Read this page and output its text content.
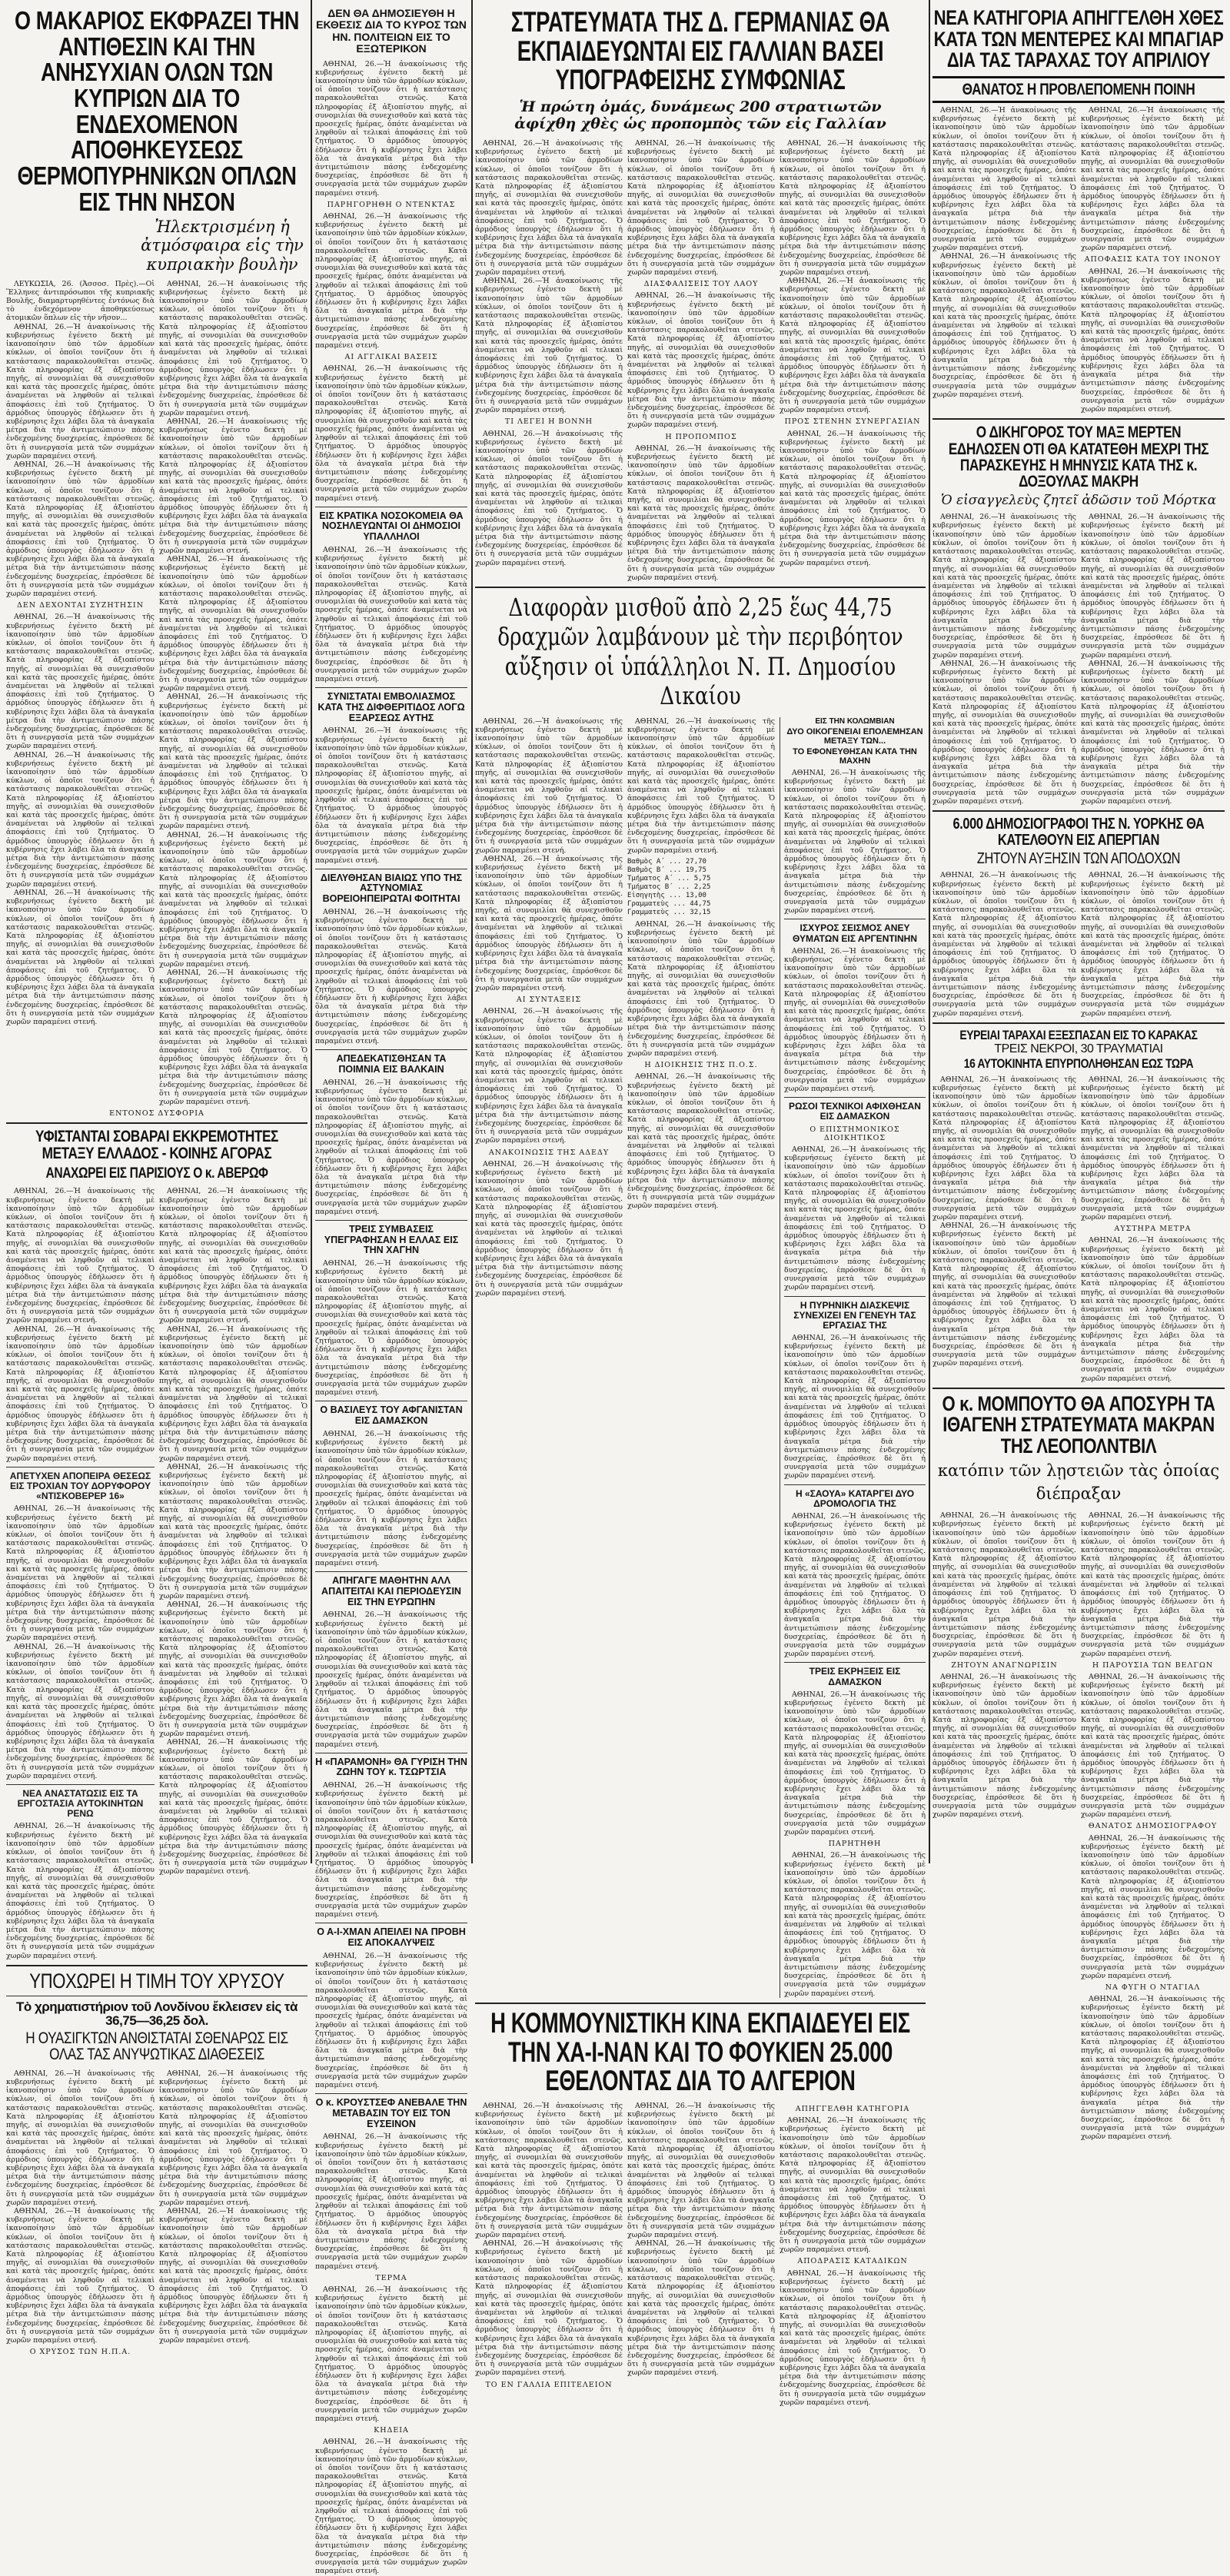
Ο ΜΑΚΑΡΙΟΣ ΕΚΦΡΑΖΕΙ ΤΗΝ ΑΝΤΙΘΕΣΙΝ ΚΑΙ ΤΗΝ ΑΝΗΣΥΧΙΑΝ ΟΛΩΝ ΤΩΝ ΚΥΠΡΙΩΝ ΔΙΑ ΤΟ ΕΝΔΕΧΟΜΕΝΟΝ ΑΠΟΘΗΚΕΥΣΕΩΣ ΘΕΡΜΟΠΥΡΗΝΙΚΩΝ ΟΠΛΩΝ ΕΙΣ ΤΗΝ ΝΗΣΟΝ
Ἠλεκτρισμένη ἡ ἀτμόσφαιρα εἰς τὴν κυπριακὴν βουλὴν

ΛΕΥΚΩΣΙΑ, 26. (Ἀσσοσ. Πρὲς).—Οἱ Ἕλληνες ἀντιπρόσωποι τῆς κυπριακῆς Βουλῆς, διαμαρτυρηθέντες ἐντόνως διὰ τὸ ἐνδεχόμενον ἀποθηκεύσεως ἀτομικῶν ὅπλων εἰς τὴν νῆσον...

ΑΘΗΝΑΙ, 26.—Ἡ ἀνακοίνωσις τῆς κυβερνήσεως ἐγένετο δεκτὴ μὲ ἱκανοποίησιν ὑπὸ τῶν ἁρμοδίων κύκλων, οἱ ὁποῖοι τονίζουν ὅτι ἡ κατάστασις παρακολουθεῖται στενῶς. Κατὰ πληροφορίας ἐξ ἀξιοπίστου πηγῆς, αἱ συνομιλίαι θὰ συνεχισθοῦν καὶ κατὰ τὰς προσεχεῖς ἡμέρας, ὁπότε ἀναμένεται νὰ ληφθοῦν αἱ τελικαὶ ἀποφάσεις ἐπὶ τοῦ ζητήματος. Ὁ ἁρμόδιος ὑπουργὸς ἐδήλωσεν ὅτι ἡ κυβέρνησις ἔχει λάβει ὅλα τὰ ἀναγκαῖα μέτρα διὰ τὴν ἀντιμετώπισιν πάσης ἐνδεχομένης δυσχερείας, ἐπρόσθεσε δὲ ὅτι ἡ συνεργασία μετὰ τῶν συμμάχων χωρῶν παραμένει στενή.

ΑΘΗΝΑΙ, 26.—Ἡ ἀνακοίνωσις τῆς κυβερνήσεως ἐγένετο δεκτὴ μὲ ἱκανοποίησιν ὑπὸ τῶν ἁρμοδίων κύκλων, οἱ ὁποῖοι τονίζουν ὅτι ἡ κατάστασις παρακολουθεῖται στενῶς. Κατὰ πληροφορίας ἐξ ἀξιοπίστου πηγῆς, αἱ συνομιλίαι θὰ συνεχισθοῦν καὶ κατὰ τὰς προσεχεῖς ἡμέρας, ὁπότε ἀναμένεται νὰ ληφθοῦν αἱ τελικαὶ ἀποφάσεις ἐπὶ τοῦ ζητήματος. Ὁ ἁρμόδιος ὑπουργὸς ἐδήλωσεν ὅτι ἡ κυβέρνησις ἔχει λάβει ὅλα τὰ ἀναγκαῖα μέτρα διὰ τὴν ἀντιμετώπισιν πάσης ἐνδεχομένης δυσχερείας, ἐπρόσθεσε δὲ ὅτι ἡ συνεργασία μετὰ τῶν συμμάχων χωρῶν παραμένει στενή.

ΔΕΝ ΔΕΧΟΝΤΑΙ ΣΥΖΗΤΗΣΙΝ

ΑΘΗΝΑΙ, 26.—Ἡ ἀνακοίνωσις τῆς κυβερνήσεως ἐγένετο δεκτὴ μὲ ἱκανοποίησιν ὑπὸ τῶν ἁρμοδίων κύκλων, οἱ ὁποῖοι τονίζουν ὅτι ἡ κατάστασις παρακολουθεῖται στενῶς. Κατὰ πληροφορίας ἐξ ἀξιοπίστου πηγῆς, αἱ συνομιλίαι θὰ συνεχισθοῦν καὶ κατὰ τὰς προσεχεῖς ἡμέρας, ὁπότε ἀναμένεται νὰ ληφθοῦν αἱ τελικαὶ ἀποφάσεις ἐπὶ τοῦ ζητήματος. Ὁ ἁρμόδιος ὑπουργὸς ἐδήλωσεν ὅτι ἡ κυβέρνησις ἔχει λάβει ὅλα τὰ ἀναγκαῖα μέτρα διὰ τὴν ἀντιμετώπισιν πάσης ἐνδεχομένης δυσχερείας, ἐπρόσθεσε δὲ ὅτι ἡ συνεργασία μετὰ τῶν συμμάχων χωρῶν παραμένει στενή.

ΑΘΗΝΑΙ, 26.—Ἡ ἀνακοίνωσις τῆς κυβερνήσεως ἐγένετο δεκτὴ μὲ ἱκανοποίησιν ὑπὸ τῶν ἁρμοδίων κύκλων, οἱ ὁποῖοι τονίζουν ὅτι ἡ κατάστασις παρακολουθεῖται στενῶς. Κατὰ πληροφορίας ἐξ ἀξιοπίστου πηγῆς, αἱ συνομιλίαι θὰ συνεχισθοῦν καὶ κατὰ τὰς προσεχεῖς ἡμέρας, ὁπότε ἀναμένεται νὰ ληφθοῦν αἱ τελικαὶ ἀποφάσεις ἐπὶ τοῦ ζητήματος. Ὁ ἁρμόδιος ὑπουργὸς ἐδήλωσεν ὅτι ἡ κυβέρνησις ἔχει λάβει ὅλα τὰ ἀναγκαῖα μέτρα διὰ τὴν ἀντιμετώπισιν πάσης ἐνδεχομένης δυσχερείας, ἐπρόσθεσε δὲ ὅτι ἡ συνεργασία μετὰ τῶν συμμάχων χωρῶν παραμένει στενή.

ΑΘΗΝΑΙ, 26.—Ἡ ἀνακοίνωσις τῆς κυβερνήσεως ἐγένετο δεκτὴ μὲ ἱκανοποίησιν ὑπὸ τῶν ἁρμοδίων κύκλων, οἱ ὁποῖοι τονίζουν ὅτι ἡ κατάστασις παρακολουθεῖται στενῶς. Κατὰ πληροφορίας ἐξ ἀξιοπίστου πηγῆς, αἱ συνομιλίαι θὰ συνεχισθοῦν καὶ κατὰ τὰς προσεχεῖς ἡμέρας, ὁπότε ἀναμένεται νὰ ληφθοῦν αἱ τελικαὶ ἀποφάσεις ἐπὶ τοῦ ζητήματος. Ὁ ἁρμόδιος ὑπουργὸς ἐδήλωσεν ὅτι ἡ κυβέρνησις ἔχει λάβει ὅλα τὰ ἀναγκαῖα μέτρα διὰ τὴν ἀντιμετώπισιν πάσης ἐνδεχομένης δυσχερείας, ἐπρόσθεσε δὲ ὅτι ἡ συνεργασία μετὰ τῶν συμμάχων χωρῶν παραμένει στενή.

ΑΘΗΝΑΙ, 26.—Ἡ ἀνακοίνωσις τῆς κυβερνήσεως ἐγένετο δεκτὴ μὲ ἱκανοποίησιν ὑπὸ τῶν ἁρμοδίων κύκλων, οἱ ὁποῖοι τονίζουν ὅτι ἡ κατάστασις παρακολουθεῖται στενῶς. Κατὰ πληροφορίας ἐξ ἀξιοπίστου πηγῆς, αἱ συνομιλίαι θὰ συνεχισθοῦν καὶ κατὰ τὰς προσεχεῖς ἡμέρας, ὁπότε ἀναμένεται νὰ ληφθοῦν αἱ τελικαὶ ἀποφάσεις ἐπὶ τοῦ ζητήματος. Ὁ ἁρμόδιος ὑπουργὸς ἐδήλωσεν ὅτι ἡ κυβέρνησις ἔχει λάβει ὅλα τὰ ἀναγκαῖα μέτρα διὰ τὴν ἀντιμετώπισιν πάσης ἐνδεχομένης δυσχερείας, ἐπρόσθεσε δὲ ὅτι ἡ συνεργασία μετὰ τῶν συμμάχων χωρῶν παραμένει στενή.

ΑΘΗΝΑΙ, 26.—Ἡ ἀνακοίνωσις τῆς κυβερνήσεως ἐγένετο δεκτὴ μὲ ἱκανοποίησιν ὑπὸ τῶν ἁρμοδίων κύκλων, οἱ ὁποῖοι τονίζουν ὅτι ἡ κατάστασις παρακολουθεῖται στενῶς. Κατὰ πληροφορίας ἐξ ἀξιοπίστου πηγῆς, αἱ συνομιλίαι θὰ συνεχισθοῦν καὶ κατὰ τὰς προσεχεῖς ἡμέρας, ὁπότε ἀναμένεται νὰ ληφθοῦν αἱ τελικαὶ ἀποφάσεις ἐπὶ τοῦ ζητήματος. Ὁ ἁρμόδιος ὑπουργὸς ἐδήλωσεν ὅτι ἡ κυβέρνησις ἔχει λάβει ὅλα τὰ ἀναγκαῖα μέτρα διὰ τὴν ἀντιμετώπισιν πάσης ἐνδεχομένης δυσχερείας, ἐπρόσθεσε δὲ ὅτι ἡ συνεργασία μετὰ τῶν συμμάχων χωρῶν παραμένει στενή.

ΑΘΗΝΑΙ, 26.—Ἡ ἀνακοίνωσις τῆς κυβερνήσεως ἐγένετο δεκτὴ μὲ ἱκανοποίησιν ὑπὸ τῶν ἁρμοδίων κύκλων, οἱ ὁποῖοι τονίζουν ὅτι ἡ κατάστασις παρακολουθεῖται στενῶς. Κατὰ πληροφορίας ἐξ ἀξιοπίστου πηγῆς, αἱ συνομιλίαι θὰ συνεχισθοῦν καὶ κατὰ τὰς προσεχεῖς ἡμέρας, ὁπότε ἀναμένεται νὰ ληφθοῦν αἱ τελικαὶ ἀποφάσεις ἐπὶ τοῦ ζητήματος. Ὁ ἁρμόδιος ὑπουργὸς ἐδήλωσεν ὅτι ἡ κυβέρνησις ἔχει λάβει ὅλα τὰ ἀναγκαῖα μέτρα διὰ τὴν ἀντιμετώπισιν πάσης ἐνδεχομένης δυσχερείας, ἐπρόσθεσε δὲ ὅτι ἡ συνεργασία μετὰ τῶν συμμάχων χωρῶν παραμένει στενή.

ΑΘΗΝΑΙ, 26.—Ἡ ἀνακοίνωσις τῆς κυβερνήσεως ἐγένετο δεκτὴ μὲ ἱκανοποίησιν ὑπὸ τῶν ἁρμοδίων κύκλων, οἱ ὁποῖοι τονίζουν ὅτι ἡ κατάστασις παρακολουθεῖται στενῶς. Κατὰ πληροφορίας ἐξ ἀξιοπίστου πηγῆς, αἱ συνομιλίαι θὰ συνεχισθοῦν καὶ κατὰ τὰς προσεχεῖς ἡμέρας, ὁπότε ἀναμένεται νὰ ληφθοῦν αἱ τελικαὶ ἀποφάσεις ἐπὶ τοῦ ζητήματος. Ὁ ἁρμόδιος ὑπουργὸς ἐδήλωσεν ὅτι ἡ κυβέρνησις ἔχει λάβει ὅλα τὰ ἀναγκαῖα μέτρα διὰ τὴν ἀντιμετώπισιν πάσης ἐνδεχομένης δυσχερείας, ἐπρόσθεσε δὲ ὅτι ἡ συνεργασία μετὰ τῶν συμμάχων χωρῶν παραμένει στενή.

ΑΘΗΝΑΙ, 26.—Ἡ ἀνακοίνωσις τῆς κυβερνήσεως ἐγένετο δεκτὴ μὲ ἱκανοποίησιν ὑπὸ τῶν ἁρμοδίων κύκλων, οἱ ὁποῖοι τονίζουν ὅτι ἡ κατάστασις παρακολουθεῖται στενῶς. Κατὰ πληροφορίας ἐξ ἀξιοπίστου πηγῆς, αἱ συνομιλίαι θὰ συνεχισθοῦν καὶ κατὰ τὰς προσεχεῖς ἡμέρας, ὁπότε ἀναμένεται νὰ ληφθοῦν αἱ τελικαὶ ἀποφάσεις ἐπὶ τοῦ ζητήματος. Ὁ ἁρμόδιος ὑπουργὸς ἐδήλωσεν ὅτι ἡ κυβέρνησις ἔχει λάβει ὅλα τὰ ἀναγκαῖα μέτρα διὰ τὴν ἀντιμετώπισιν πάσης ἐνδεχομένης δυσχερείας, ἐπρόσθεσε δὲ ὅτι ἡ συνεργασία μετὰ τῶν συμμάχων χωρῶν παραμένει στενή.

ΑΘΗΝΑΙ, 26.—Ἡ ἀνακοίνωσις τῆς κυβερνήσεως ἐγένετο δεκτὴ μὲ ἱκανοποίησιν ὑπὸ τῶν ἁρμοδίων κύκλων, οἱ ὁποῖοι τονίζουν ὅτι ἡ κατάστασις παρακολουθεῖται στενῶς. Κατὰ πληροφορίας ἐξ ἀξιοπίστου πηγῆς, αἱ συνομιλίαι θὰ συνεχισθοῦν καὶ κατὰ τὰς προσεχεῖς ἡμέρας, ὁπότε ἀναμένεται νὰ ληφθοῦν αἱ τελικαὶ ἀποφάσεις ἐπὶ τοῦ ζητήματος. Ὁ ἁρμόδιος ὑπουργὸς ἐδήλωσεν ὅτι ἡ κυβέρνησις ἔχει λάβει ὅλα τὰ ἀναγκαῖα μέτρα διὰ τὴν ἀντιμετώπισιν πάσης ἐνδεχομένης δυσχερείας, ἐπρόσθεσε δὲ ὅτι ἡ συνεργασία μετὰ τῶν συμμάχων χωρῶν παραμένει στενή.

ΕΝΤΟΝΟΣ ΔΥΣΦΟΡΙΑ
ΥΦΙΣΤΑΝΤΑΙ ΣΟΒΑΡΑΙ ΕΚΚΡΕΜΟΤΗΤΕΣ ΜΕΤΑΞΥ ΕΛΛΑΔΟΣ - ΚΟΙΝΗΣ ΑΓΟΡΑΣ
ΑΝΑΧΩΡΕΙ ΕΙΣ ΠΑΡΙΣΙΟΥΣ Ο κ. ΑΒΕΡΩΦ

ΑΘΗΝΑΙ, 26.—Ἡ ἀνακοίνωσις τῆς κυβερνήσεως ἐγένετο δεκτὴ μὲ ἱκανοποίησιν ὑπὸ τῶν ἁρμοδίων κύκλων, οἱ ὁποῖοι τονίζουν ὅτι ἡ κατάστασις παρακολουθεῖται στενῶς. Κατὰ πληροφορίας ἐξ ἀξιοπίστου πηγῆς, αἱ συνομιλίαι θὰ συνεχισθοῦν καὶ κατὰ τὰς προσεχεῖς ἡμέρας, ὁπότε ἀναμένεται νὰ ληφθοῦν αἱ τελικαὶ ἀποφάσεις ἐπὶ τοῦ ζητήματος. Ὁ ἁρμόδιος ὑπουργὸς ἐδήλωσεν ὅτι ἡ κυβέρνησις ἔχει λάβει ὅλα τὰ ἀναγκαῖα μέτρα διὰ τὴν ἀντιμετώπισιν πάσης ἐνδεχομένης δυσχερείας, ἐπρόσθεσε δὲ ὅτι ἡ συνεργασία μετὰ τῶν συμμάχων χωρῶν παραμένει στενή.

ΑΘΗΝΑΙ, 26.—Ἡ ἀνακοίνωσις τῆς κυβερνήσεως ἐγένετο δεκτὴ μὲ ἱκανοποίησιν ὑπὸ τῶν ἁρμοδίων κύκλων, οἱ ὁποῖοι τονίζουν ὅτι ἡ κατάστασις παρακολουθεῖται στενῶς. Κατὰ πληροφορίας ἐξ ἀξιοπίστου πηγῆς, αἱ συνομιλίαι θὰ συνεχισθοῦν καὶ κατὰ τὰς προσεχεῖς ἡμέρας, ὁπότε ἀναμένεται νὰ ληφθοῦν αἱ τελικαὶ ἀποφάσεις ἐπὶ τοῦ ζητήματος. Ὁ ἁρμόδιος ὑπουργὸς ἐδήλωσεν ὅτι ἡ κυβέρνησις ἔχει λάβει ὅλα τὰ ἀναγκαῖα μέτρα διὰ τὴν ἀντιμετώπισιν πάσης ἐνδεχομένης δυσχερείας, ἐπρόσθεσε δὲ ὅτι ἡ συνεργασία μετὰ τῶν συμμάχων χωρῶν παραμένει στενή.

ΑΠΕΤΥΧΕΝ ΑΠΟΠΕΙΡΑ ΘΕΣΕΩΣ ΕΙΣ ΤΡΟΧΙΑΝ ΤΟΥ ΔΟΡΥΦΟΡΟΥ «ΝΤΙΣΚΟΒΕΡΕΡ 16»

ΑΘΗΝΑΙ, 26.—Ἡ ἀνακοίνωσις τῆς κυβερνήσεως ἐγένετο δεκτὴ μὲ ἱκανοποίησιν ὑπὸ τῶν ἁρμοδίων κύκλων, οἱ ὁποῖοι τονίζουν ὅτι ἡ κατάστασις παρακολουθεῖται στενῶς. Κατὰ πληροφορίας ἐξ ἀξιοπίστου πηγῆς, αἱ συνομιλίαι θὰ συνεχισθοῦν καὶ κατὰ τὰς προσεχεῖς ἡμέρας, ὁπότε ἀναμένεται νὰ ληφθοῦν αἱ τελικαὶ ἀποφάσεις ἐπὶ τοῦ ζητήματος. Ὁ ἁρμόδιος ὑπουργὸς ἐδήλωσεν ὅτι ἡ κυβέρνησις ἔχει λάβει ὅλα τὰ ἀναγκαῖα μέτρα διὰ τὴν ἀντιμετώπισιν πάσης ἐνδεχομένης δυσχερείας, ἐπρόσθεσε δὲ ὅτι ἡ συνεργασία μετὰ τῶν συμμάχων χωρῶν παραμένει στενή.

ΑΘΗΝΑΙ, 26.—Ἡ ἀνακοίνωσις τῆς κυβερνήσεως ἐγένετο δεκτὴ μὲ ἱκανοποίησιν ὑπὸ τῶν ἁρμοδίων κύκλων, οἱ ὁποῖοι τονίζουν ὅτι ἡ κατάστασις παρακολουθεῖται στενῶς. Κατὰ πληροφορίας ἐξ ἀξιοπίστου πηγῆς, αἱ συνομιλίαι θὰ συνεχισθοῦν καὶ κατὰ τὰς προσεχεῖς ἡμέρας, ὁπότε ἀναμένεται νὰ ληφθοῦν αἱ τελικαὶ ἀποφάσεις ἐπὶ τοῦ ζητήματος. Ὁ ἁρμόδιος ὑπουργὸς ἐδήλωσεν ὅτι ἡ κυβέρνησις ἔχει λάβει ὅλα τὰ ἀναγκαῖα μέτρα διὰ τὴν ἀντιμετώπισιν πάσης ἐνδεχομένης δυσχερείας, ἐπρόσθεσε δὲ ὅτι ἡ συνεργασία μετὰ τῶν συμμάχων χωρῶν παραμένει στενή.

ΝΕΑ ΑΝΑΣΤΑΤΩΣΙΣ ΕΙΣ ΤΑ ΕΡΓΟΣΤΑΣΙΑ ΑΥΤΟΚΙΝΗΤΩΝ ΡΕΝΩ

ΑΘΗΝΑΙ, 26.—Ἡ ἀνακοίνωσις τῆς κυβερνήσεως ἐγένετο δεκτὴ μὲ ἱκανοποίησιν ὑπὸ τῶν ἁρμοδίων κύκλων, οἱ ὁποῖοι τονίζουν ὅτι ἡ κατάστασις παρακολουθεῖται στενῶς. Κατὰ πληροφορίας ἐξ ἀξιοπίστου πηγῆς, αἱ συνομιλίαι θὰ συνεχισθοῦν καὶ κατὰ τὰς προσεχεῖς ἡμέρας, ὁπότε ἀναμένεται νὰ ληφθοῦν αἱ τελικαὶ ἀποφάσεις ἐπὶ τοῦ ζητήματος. Ὁ ἁρμόδιος ὑπουργὸς ἐδήλωσεν ὅτι ἡ κυβέρνησις ἔχει λάβει ὅλα τὰ ἀναγκαῖα μέτρα διὰ τὴν ἀντιμετώπισιν πάσης ἐνδεχομένης δυσχερείας, ἐπρόσθεσε δὲ ὅτι ἡ συνεργασία μετὰ τῶν συμμάχων χωρῶν παραμένει στενή.

ΑΘΗΝΑΙ, 26.—Ἡ ἀνακοίνωσις τῆς κυβερνήσεως ἐγένετο δεκτὴ μὲ ἱκανοποίησιν ὑπὸ τῶν ἁρμοδίων κύκλων, οἱ ὁποῖοι τονίζουν ὅτι ἡ κατάστασις παρακολουθεῖται στενῶς. Κατὰ πληροφορίας ἐξ ἀξιοπίστου πηγῆς, αἱ συνομιλίαι θὰ συνεχισθοῦν καὶ κατὰ τὰς προσεχεῖς ἡμέρας, ὁπότε ἀναμένεται νὰ ληφθοῦν αἱ τελικαὶ ἀποφάσεις ἐπὶ τοῦ ζητήματος. Ὁ ἁρμόδιος ὑπουργὸς ἐδήλωσεν ὅτι ἡ κυβέρνησις ἔχει λάβει ὅλα τὰ ἀναγκαῖα μέτρα διὰ τὴν ἀντιμετώπισιν πάσης ἐνδεχομένης δυσχερείας, ἐπρόσθεσε δὲ ὅτι ἡ συνεργασία μετὰ τῶν συμμάχων χωρῶν παραμένει στενή.

ΑΘΗΝΑΙ, 26.—Ἡ ἀνακοίνωσις τῆς κυβερνήσεως ἐγένετο δεκτὴ μὲ ἱκανοποίησιν ὑπὸ τῶν ἁρμοδίων κύκλων, οἱ ὁποῖοι τονίζουν ὅτι ἡ κατάστασις παρακολουθεῖται στενῶς. Κατὰ πληροφορίας ἐξ ἀξιοπίστου πηγῆς, αἱ συνομιλίαι θὰ συνεχισθοῦν καὶ κατὰ τὰς προσεχεῖς ἡμέρας, ὁπότε ἀναμένεται νὰ ληφθοῦν αἱ τελικαὶ ἀποφάσεις ἐπὶ τοῦ ζητήματος. Ὁ ἁρμόδιος ὑπουργὸς ἐδήλωσεν ὅτι ἡ κυβέρνησις ἔχει λάβει ὅλα τὰ ἀναγκαῖα μέτρα διὰ τὴν ἀντιμετώπισιν πάσης ἐνδεχομένης δυσχερείας, ἐπρόσθεσε δὲ ὅτι ἡ συνεργασία μετὰ τῶν συμμάχων χωρῶν παραμένει στενή.

ΑΘΗΝΑΙ, 26.—Ἡ ἀνακοίνωσις τῆς κυβερνήσεως ἐγένετο δεκτὴ μὲ ἱκανοποίησιν ὑπὸ τῶν ἁρμοδίων κύκλων, οἱ ὁποῖοι τονίζουν ὅτι ἡ κατάστασις παρακολουθεῖται στενῶς. Κατὰ πληροφορίας ἐξ ἀξιοπίστου πηγῆς, αἱ συνομιλίαι θὰ συνεχισθοῦν καὶ κατὰ τὰς προσεχεῖς ἡμέρας, ὁπότε ἀναμένεται νὰ ληφθοῦν αἱ τελικαὶ ἀποφάσεις ἐπὶ τοῦ ζητήματος. Ὁ ἁρμόδιος ὑπουργὸς ἐδήλωσεν ὅτι ἡ κυβέρνησις ἔχει λάβει ὅλα τὰ ἀναγκαῖα μέτρα διὰ τὴν ἀντιμετώπισιν πάσης ἐνδεχομένης δυσχερείας, ἐπρόσθεσε δὲ ὅτι ἡ συνεργασία μετὰ τῶν συμμάχων χωρῶν παραμένει στενή.

ΑΘΗΝΑΙ, 26.—Ἡ ἀνακοίνωσις τῆς κυβερνήσεως ἐγένετο δεκτὴ μὲ ἱκανοποίησιν ὑπὸ τῶν ἁρμοδίων κύκλων, οἱ ὁποῖοι τονίζουν ὅτι ἡ κατάστασις παρακολουθεῖται στενῶς. Κατὰ πληροφορίας ἐξ ἀξιοπίστου πηγῆς, αἱ συνομιλίαι θὰ συνεχισθοῦν καὶ κατὰ τὰς προσεχεῖς ἡμέρας, ὁπότε ἀναμένεται νὰ ληφθοῦν αἱ τελικαὶ ἀποφάσεις ἐπὶ τοῦ ζητήματος. Ὁ ἁρμόδιος ὑπουργὸς ἐδήλωσεν ὅτι ἡ κυβέρνησις ἔχει λάβει ὅλα τὰ ἀναγκαῖα μέτρα διὰ τὴν ἀντιμετώπισιν πάσης ἐνδεχομένης δυσχερείας, ἐπρόσθεσε δὲ ὅτι ἡ συνεργασία μετὰ τῶν συμμάχων χωρῶν παραμένει στενή.

ΑΘΗΝΑΙ, 26.—Ἡ ἀνακοίνωσις τῆς κυβερνήσεως ἐγένετο δεκτὴ μὲ ἱκανοποίησιν ὑπὸ τῶν ἁρμοδίων κύκλων, οἱ ὁποῖοι τονίζουν ὅτι ἡ κατάστασις παρακολουθεῖται στενῶς. Κατὰ πληροφορίας ἐξ ἀξιοπίστου πηγῆς, αἱ συνομιλίαι θὰ συνεχισθοῦν καὶ κατὰ τὰς προσεχεῖς ἡμέρας, ὁπότε ἀναμένεται νὰ ληφθοῦν αἱ τελικαὶ ἀποφάσεις ἐπὶ τοῦ ζητήματος. Ὁ ἁρμόδιος ὑπουργὸς ἐδήλωσεν ὅτι ἡ κυβέρνησις ἔχει λάβει ὅλα τὰ ἀναγκαῖα μέτρα διὰ τὴν ἀντιμετώπισιν πάσης ἐνδεχομένης δυσχερείας, ἐπρόσθεσε δὲ ὅτι ἡ συνεργασία μετὰ τῶν συμμάχων χωρῶν παραμένει στενή.

ΥΠΟΧΩΡΕΙ Η ΤΙΜΗ ΤΟΥ ΧΡΥΣΟΥ
Τὸ χρηματιστήριον τοῦ Λονδίνου ἔκλεισεν εἰς τὰ 36,75—36,25 δολ.
Η ΟΥΑΣΙΓΚΤΩΝ ΑΝΘΙΣΤΑΤΑΙ ΣΘΕΝΑΡΩΣ ΕΙΣ ΟΛΑΣ ΤΑΣ ΑΝΥΨΩΤΙΚΑΣ ΔΙΑΘΕΣΕΙΣ

ΑΘΗΝΑΙ, 26.—Ἡ ἀνακοίνωσις τῆς κυβερνήσεως ἐγένετο δεκτὴ μὲ ἱκανοποίησιν ὑπὸ τῶν ἁρμοδίων κύκλων, οἱ ὁποῖοι τονίζουν ὅτι ἡ κατάστασις παρακολουθεῖται στενῶς. Κατὰ πληροφορίας ἐξ ἀξιοπίστου πηγῆς, αἱ συνομιλίαι θὰ συνεχισθοῦν καὶ κατὰ τὰς προσεχεῖς ἡμέρας, ὁπότε ἀναμένεται νὰ ληφθοῦν αἱ τελικαὶ ἀποφάσεις ἐπὶ τοῦ ζητήματος. Ὁ ἁρμόδιος ὑπουργὸς ἐδήλωσεν ὅτι ἡ κυβέρνησις ἔχει λάβει ὅλα τὰ ἀναγκαῖα μέτρα διὰ τὴν ἀντιμετώπισιν πάσης ἐνδεχομένης δυσχερείας, ἐπρόσθεσε δὲ ὅτι ἡ συνεργασία μετὰ τῶν συμμάχων χωρῶν παραμένει στενή.

ΑΘΗΝΑΙ, 26.—Ἡ ἀνακοίνωσις τῆς κυβερνήσεως ἐγένετο δεκτὴ μὲ ἱκανοποίησιν ὑπὸ τῶν ἁρμοδίων κύκλων, οἱ ὁποῖοι τονίζουν ὅτι ἡ κατάστασις παρακολουθεῖται στενῶς. Κατὰ πληροφορίας ἐξ ἀξιοπίστου πηγῆς, αἱ συνομιλίαι θὰ συνεχισθοῦν καὶ κατὰ τὰς προσεχεῖς ἡμέρας, ὁπότε ἀναμένεται νὰ ληφθοῦν αἱ τελικαὶ ἀποφάσεις ἐπὶ τοῦ ζητήματος. Ὁ ἁρμόδιος ὑπουργὸς ἐδήλωσεν ὅτι ἡ κυβέρνησις ἔχει λάβει ὅλα τὰ ἀναγκαῖα μέτρα διὰ τὴν ἀντιμετώπισιν πάσης ἐνδεχομένης δυσχερείας, ἐπρόσθεσε δὲ ὅτι ἡ συνεργασία μετὰ τῶν συμμάχων χωρῶν παραμένει στενή.

Ο ΧΡΥΣΟΣ ΤΩΝ Η.Π.Α.

ΑΘΗΝΑΙ, 26.—Ἡ ἀνακοίνωσις τῆς κυβερνήσεως ἐγένετο δεκτὴ μὲ ἱκανοποίησιν ὑπὸ τῶν ἁρμοδίων κύκλων, οἱ ὁποῖοι τονίζουν ὅτι ἡ κατάστασις παρακολουθεῖται στενῶς. Κατὰ πληροφορίας ἐξ ἀξιοπίστου πηγῆς, αἱ συνομιλίαι θὰ συνεχισθοῦν καὶ κατὰ τὰς προσεχεῖς ἡμέρας, ὁπότε ἀναμένεται νὰ ληφθοῦν αἱ τελικαὶ ἀποφάσεις ἐπὶ τοῦ ζητήματος. Ὁ ἁρμόδιος ὑπουργὸς ἐδήλωσεν ὅτι ἡ κυβέρνησις ἔχει λάβει ὅλα τὰ ἀναγκαῖα μέτρα διὰ τὴν ἀντιμετώπισιν πάσης ἐνδεχομένης δυσχερείας, ἐπρόσθεσε δὲ ὅτι ἡ συνεργασία μετὰ τῶν συμμάχων χωρῶν παραμένει στενή.

ΑΘΗΝΑΙ, 26.—Ἡ ἀνακοίνωσις τῆς κυβερνήσεως ἐγένετο δεκτὴ μὲ ἱκανοποίησιν ὑπὸ τῶν ἁρμοδίων κύκλων, οἱ ὁποῖοι τονίζουν ὅτι ἡ κατάστασις παρακολουθεῖται στενῶς. Κατὰ πληροφορίας ἐξ ἀξιοπίστου πηγῆς, αἱ συνομιλίαι θὰ συνεχισθοῦν καὶ κατὰ τὰς προσεχεῖς ἡμέρας, ὁπότε ἀναμένεται νὰ ληφθοῦν αἱ τελικαὶ ἀποφάσεις ἐπὶ τοῦ ζητήματος. Ὁ ἁρμόδιος ὑπουργὸς ἐδήλωσεν ὅτι ἡ κυβέρνησις ἔχει λάβει ὅλα τὰ ἀναγκαῖα μέτρα διὰ τὴν ἀντιμετώπισιν πάσης ἐνδεχομένης δυσχερείας, ἐπρόσθεσε δὲ ὅτι ἡ συνεργασία μετὰ τῶν συμμάχων χωρῶν παραμένει στενή.

ΔΕΝ ΘΑ ΔΗΜΟΣΙΕΥΘΗ Η ΕΚΘΕΣΙΣ ΔΙΑ ΤΟ ΚΥΡΟΣ ΤΩΝ ΗΝ. ΠΟΛΙΤΕΙΩΝ ΕΙΣ ΤΟ ΕΞΩΤΕΡΙΚΟΝ

ΑΘΗΝΑΙ, 26.—Ἡ ἀνακοίνωσις τῆς κυβερνήσεως ἐγένετο δεκτὴ μὲ ἱκανοποίησιν ὑπὸ τῶν ἁρμοδίων κύκλων, οἱ ὁποῖοι τονίζουν ὅτι ἡ κατάστασις παρακολουθεῖται στενῶς. Κατὰ πληροφορίας ἐξ ἀξιοπίστου πηγῆς, αἱ συνομιλίαι θὰ συνεχισθοῦν καὶ κατὰ τὰς προσεχεῖς ἡμέρας, ὁπότε ἀναμένεται νὰ ληφθοῦν αἱ τελικαὶ ἀποφάσεις ἐπὶ τοῦ ζητήματος. Ὁ ἁρμόδιος ὑπουργὸς ἐδήλωσεν ὅτι ἡ κυβέρνησις ἔχει λάβει ὅλα τὰ ἀναγκαῖα μέτρα διὰ τὴν ἀντιμετώπισιν πάσης ἐνδεχομένης δυσχερείας, ἐπρόσθεσε δὲ ὅτι ἡ συνεργασία μετὰ τῶν συμμάχων χωρῶν παραμένει στενή.

ΠΑΡΗΓΟΡΗΘΗ Ο ΝΤΕΝΚΤΑΣ

ΑΘΗΝΑΙ, 26.—Ἡ ἀνακοίνωσις τῆς κυβερνήσεως ἐγένετο δεκτὴ μὲ ἱκανοποίησιν ὑπὸ τῶν ἁρμοδίων κύκλων, οἱ ὁποῖοι τονίζουν ὅτι ἡ κατάστασις παρακολουθεῖται στενῶς. Κατὰ πληροφορίας ἐξ ἀξιοπίστου πηγῆς, αἱ συνομιλίαι θὰ συνεχισθοῦν καὶ κατὰ τὰς προσεχεῖς ἡμέρας, ὁπότε ἀναμένεται νὰ ληφθοῦν αἱ τελικαὶ ἀποφάσεις ἐπὶ τοῦ ζητήματος. Ὁ ἁρμόδιος ὑπουργὸς ἐδήλωσεν ὅτι ἡ κυβέρνησις ἔχει λάβει ὅλα τὰ ἀναγκαῖα μέτρα διὰ τὴν ἀντιμετώπισιν πάσης ἐνδεχομένης δυσχερείας, ἐπρόσθεσε δὲ ὅτι ἡ συνεργασία μετὰ τῶν συμμάχων χωρῶν παραμένει στενή.

ΑΙ ΑΓΓΛΙΚΑΙ ΒΑΣΕΙΣ

ΑΘΗΝΑΙ, 26.—Ἡ ἀνακοίνωσις τῆς κυβερνήσεως ἐγένετο δεκτὴ μὲ ἱκανοποίησιν ὑπὸ τῶν ἁρμοδίων κύκλων, οἱ ὁποῖοι τονίζουν ὅτι ἡ κατάστασις παρακολουθεῖται στενῶς. Κατὰ πληροφορίας ἐξ ἀξιοπίστου πηγῆς, αἱ συνομιλίαι θὰ συνεχισθοῦν καὶ κατὰ τὰς προσεχεῖς ἡμέρας, ὁπότε ἀναμένεται νὰ ληφθοῦν αἱ τελικαὶ ἀποφάσεις ἐπὶ τοῦ ζητήματος. Ὁ ἁρμόδιος ὑπουργὸς ἐδήλωσεν ὅτι ἡ κυβέρνησις ἔχει λάβει ὅλα τὰ ἀναγκαῖα μέτρα διὰ τὴν ἀντιμετώπισιν πάσης ἐνδεχομένης δυσχερείας, ἐπρόσθεσε δὲ ὅτι ἡ συνεργασία μετὰ τῶν συμμάχων χωρῶν παραμένει στενή.

ΕΙΣ ΚΡΑΤΙΚΑ ΝΟΣΟΚΟΜΕΙΑ ΘΑ ΝΟΣΗΛΕΥΩΝΤΑΙ ΟΙ ΔΗΜΟΣΙΟΙ ΥΠΑΛΛΗΛΟΙ

ΑΘΗΝΑΙ, 26.—Ἡ ἀνακοίνωσις τῆς κυβερνήσεως ἐγένετο δεκτὴ μὲ ἱκανοποίησιν ὑπὸ τῶν ἁρμοδίων κύκλων, οἱ ὁποῖοι τονίζουν ὅτι ἡ κατάστασις παρακολουθεῖται στενῶς. Κατὰ πληροφορίας ἐξ ἀξιοπίστου πηγῆς, αἱ συνομιλίαι θὰ συνεχισθοῦν καὶ κατὰ τὰς προσεχεῖς ἡμέρας, ὁπότε ἀναμένεται νὰ ληφθοῦν αἱ τελικαὶ ἀποφάσεις ἐπὶ τοῦ ζητήματος. Ὁ ἁρμόδιος ὑπουργὸς ἐδήλωσεν ὅτι ἡ κυβέρνησις ἔχει λάβει ὅλα τὰ ἀναγκαῖα μέτρα διὰ τὴν ἀντιμετώπισιν πάσης ἐνδεχομένης δυσχερείας, ἐπρόσθεσε δὲ ὅτι ἡ συνεργασία μετὰ τῶν συμμάχων χωρῶν παραμένει στενή.

ΣΥΝΙΣΤΑΤΑΙ ΕΜΒΟΛΙΑΣΜΟΣ ΚΑΤΑ ΤΗΣ ΔΙΦΘΕΡΙΤΙΔΟΣ ΛΟΓΩ ΕΞΑΡΣΕΩΣ ΑΥΤΗΣ

ΑΘΗΝΑΙ, 26.—Ἡ ἀνακοίνωσις τῆς κυβερνήσεως ἐγένετο δεκτὴ μὲ ἱκανοποίησιν ὑπὸ τῶν ἁρμοδίων κύκλων, οἱ ὁποῖοι τονίζουν ὅτι ἡ κατάστασις παρακολουθεῖται στενῶς. Κατὰ πληροφορίας ἐξ ἀξιοπίστου πηγῆς, αἱ συνομιλίαι θὰ συνεχισθοῦν καὶ κατὰ τὰς προσεχεῖς ἡμέρας, ὁπότε ἀναμένεται νὰ ληφθοῦν αἱ τελικαὶ ἀποφάσεις ἐπὶ τοῦ ζητήματος. Ὁ ἁρμόδιος ὑπουργὸς ἐδήλωσεν ὅτι ἡ κυβέρνησις ἔχει λάβει ὅλα τὰ ἀναγκαῖα μέτρα διὰ τὴν ἀντιμετώπισιν πάσης ἐνδεχομένης δυσχερείας, ἐπρόσθεσε δὲ ὅτι ἡ συνεργασία μετὰ τῶν συμμάχων χωρῶν παραμένει στενή.

ΔΙΕΛΥΘΗΣΑΝ ΒΙΑΙΩΣ ΥΠΟ ΤΗΣ ΑΣΤΥΝΟΜΙΑΣ ΒΟΡΕΙΟΗΠΕΙΡΩΤΑΙ ΦΟΙΤΗΤΑΙ

ΑΘΗΝΑΙ, 26.—Ἡ ἀνακοίνωσις τῆς κυβερνήσεως ἐγένετο δεκτὴ μὲ ἱκανοποίησιν ὑπὸ τῶν ἁρμοδίων κύκλων, οἱ ὁποῖοι τονίζουν ὅτι ἡ κατάστασις παρακολουθεῖται στενῶς. Κατὰ πληροφορίας ἐξ ἀξιοπίστου πηγῆς, αἱ συνομιλίαι θὰ συνεχισθοῦν καὶ κατὰ τὰς προσεχεῖς ἡμέρας, ὁπότε ἀναμένεται νὰ ληφθοῦν αἱ τελικαὶ ἀποφάσεις ἐπὶ τοῦ ζητήματος. Ὁ ἁρμόδιος ὑπουργὸς ἐδήλωσεν ὅτι ἡ κυβέρνησις ἔχει λάβει ὅλα τὰ ἀναγκαῖα μέτρα διὰ τὴν ἀντιμετώπισιν πάσης ἐνδεχομένης δυσχερείας, ἐπρόσθεσε δὲ ὅτι ἡ συνεργασία μετὰ τῶν συμμάχων χωρῶν παραμένει στενή.

ΑΠΕΔΕΚΑΤΙΣΘΗΣΑΝ ΤΑ ΠΟΙΜΝΙΑ ΕΙΣ ΒΑΛΚΑΙΝ

ΑΘΗΝΑΙ, 26.—Ἡ ἀνακοίνωσις τῆς κυβερνήσεως ἐγένετο δεκτὴ μὲ ἱκανοποίησιν ὑπὸ τῶν ἁρμοδίων κύκλων, οἱ ὁποῖοι τονίζουν ὅτι ἡ κατάστασις παρακολουθεῖται στενῶς. Κατὰ πληροφορίας ἐξ ἀξιοπίστου πηγῆς, αἱ συνομιλίαι θὰ συνεχισθοῦν καὶ κατὰ τὰς προσεχεῖς ἡμέρας, ὁπότε ἀναμένεται νὰ ληφθοῦν αἱ τελικαὶ ἀποφάσεις ἐπὶ τοῦ ζητήματος. Ὁ ἁρμόδιος ὑπουργὸς ἐδήλωσεν ὅτι ἡ κυβέρνησις ἔχει λάβει ὅλα τὰ ἀναγκαῖα μέτρα διὰ τὴν ἀντιμετώπισιν πάσης ἐνδεχομένης δυσχερείας, ἐπρόσθεσε δὲ ὅτι ἡ συνεργασία μετὰ τῶν συμμάχων χωρῶν παραμένει στενή.

ΤΡΕΙΣ ΣΥΜΒΑΣΕΙΣ ΥΠΕΓΡΑΦΗΣΑΝ Η ΕΛΛΑΣ ΕΙΣ ΤΗΝ ΧΑΓΗΝ

ΑΘΗΝΑΙ, 26.—Ἡ ἀνακοίνωσις τῆς κυβερνήσεως ἐγένετο δεκτὴ μὲ ἱκανοποίησιν ὑπὸ τῶν ἁρμοδίων κύκλων, οἱ ὁποῖοι τονίζουν ὅτι ἡ κατάστασις παρακολουθεῖται στενῶς. Κατὰ πληροφορίας ἐξ ἀξιοπίστου πηγῆς, αἱ συνομιλίαι θὰ συνεχισθοῦν καὶ κατὰ τὰς προσεχεῖς ἡμέρας, ὁπότε ἀναμένεται νὰ ληφθοῦν αἱ τελικαὶ ἀποφάσεις ἐπὶ τοῦ ζητήματος. Ὁ ἁρμόδιος ὑπουργὸς ἐδήλωσεν ὅτι ἡ κυβέρνησις ἔχει λάβει ὅλα τὰ ἀναγκαῖα μέτρα διὰ τὴν ἀντιμετώπισιν πάσης ἐνδεχομένης δυσχερείας, ἐπρόσθεσε δὲ ὅτι ἡ συνεργασία μετὰ τῶν συμμάχων χωρῶν παραμένει στενή.

Ο ΒΑΣΙΛΕΥΣ ΤΟΥ ΑΦΓΑΝΙΣΤΑΝ ΕΙΣ ΔΑΜΑΣΚΟΝ

ΑΘΗΝΑΙ, 26.—Ἡ ἀνακοίνωσις τῆς κυβερνήσεως ἐγένετο δεκτὴ μὲ ἱκανοποίησιν ὑπὸ τῶν ἁρμοδίων κύκλων, οἱ ὁποῖοι τονίζουν ὅτι ἡ κατάστασις παρακολουθεῖται στενῶς. Κατὰ πληροφορίας ἐξ ἀξιοπίστου πηγῆς, αἱ συνομιλίαι θὰ συνεχισθοῦν καὶ κατὰ τὰς προσεχεῖς ἡμέρας, ὁπότε ἀναμένεται νὰ ληφθοῦν αἱ τελικαὶ ἀποφάσεις ἐπὶ τοῦ ζητήματος. Ὁ ἁρμόδιος ὑπουργὸς ἐδήλωσεν ὅτι ἡ κυβέρνησις ἔχει λάβει ὅλα τὰ ἀναγκαῖα μέτρα διὰ τὴν ἀντιμετώπισιν πάσης ἐνδεχομένης δυσχερείας, ἐπρόσθεσε δὲ ὅτι ἡ συνεργασία μετὰ τῶν συμμάχων χωρῶν παραμένει στενή.

ΑΠΗΓΑΓΕ ΜΑΘΗΤΗΝ ΑΛΛ ΑΠΑΙΤΕΙΤΑΙ ΚΑΙ ΠΕΡΙΟΔΕΥΣΙΝ ΕΙΣ ΤΗΝ ΕΥΡΩΠΗΝ

ΑΘΗΝΑΙ, 26.—Ἡ ἀνακοίνωσις τῆς κυβερνήσεως ἐγένετο δεκτὴ μὲ ἱκανοποίησιν ὑπὸ τῶν ἁρμοδίων κύκλων, οἱ ὁποῖοι τονίζουν ὅτι ἡ κατάστασις παρακολουθεῖται στενῶς. Κατὰ πληροφορίας ἐξ ἀξιοπίστου πηγῆς, αἱ συνομιλίαι θὰ συνεχισθοῦν καὶ κατὰ τὰς προσεχεῖς ἡμέρας, ὁπότε ἀναμένεται νὰ ληφθοῦν αἱ τελικαὶ ἀποφάσεις ἐπὶ τοῦ ζητήματος. Ὁ ἁρμόδιος ὑπουργὸς ἐδήλωσεν ὅτι ἡ κυβέρνησις ἔχει λάβει ὅλα τὰ ἀναγκαῖα μέτρα διὰ τὴν ἀντιμετώπισιν πάσης ἐνδεχομένης δυσχερείας, ἐπρόσθεσε δὲ ὅτι ἡ συνεργασία μετὰ τῶν συμμάχων χωρῶν παραμένει στενή.

Η «ΠΑΡΑΜΟΝΗ» ΘΑ ΓΥΡΙΣΗ ΤΗΝ ΖΩΗΝ ΤΟΥ κ. ΤΣΩΡΤΣΙΑ

ΑΘΗΝΑΙ, 26.—Ἡ ἀνακοίνωσις τῆς κυβερνήσεως ἐγένετο δεκτὴ μὲ ἱκανοποίησιν ὑπὸ τῶν ἁρμοδίων κύκλων, οἱ ὁποῖοι τονίζουν ὅτι ἡ κατάστασις παρακολουθεῖται στενῶς. Κατὰ πληροφορίας ἐξ ἀξιοπίστου πηγῆς, αἱ συνομιλίαι θὰ συνεχισθοῦν καὶ κατὰ τὰς προσεχεῖς ἡμέρας, ὁπότε ἀναμένεται νὰ ληφθοῦν αἱ τελικαὶ ἀποφάσεις ἐπὶ τοῦ ζητήματος. Ὁ ἁρμόδιος ὑπουργὸς ἐδήλωσεν ὅτι ἡ κυβέρνησις ἔχει λάβει ὅλα τὰ ἀναγκαῖα μέτρα διὰ τὴν ἀντιμετώπισιν πάσης ἐνδεχομένης δυσχερείας, ἐπρόσθεσε δὲ ὅτι ἡ συνεργασία μετὰ τῶν συμμάχων χωρῶν παραμένει στενή.

Ο Α-Ι-ΧΜΑΝ ΑΠΕΙΛΕΙ ΝΑ ΠΡΟΒΗ ΕΙΣ ΑΠΟΚΑΛΥΨΕΙΣ

ΑΘΗΝΑΙ, 26.—Ἡ ἀνακοίνωσις τῆς κυβερνήσεως ἐγένετο δεκτὴ μὲ ἱκανοποίησιν ὑπὸ τῶν ἁρμοδίων κύκλων, οἱ ὁποῖοι τονίζουν ὅτι ἡ κατάστασις παρακολουθεῖται στενῶς. Κατὰ πληροφορίας ἐξ ἀξιοπίστου πηγῆς, αἱ συνομιλίαι θὰ συνεχισθοῦν καὶ κατὰ τὰς προσεχεῖς ἡμέρας, ὁπότε ἀναμένεται νὰ ληφθοῦν αἱ τελικαὶ ἀποφάσεις ἐπὶ τοῦ ζητήματος. Ὁ ἁρμόδιος ὑπουργὸς ἐδήλωσεν ὅτι ἡ κυβέρνησις ἔχει λάβει ὅλα τὰ ἀναγκαῖα μέτρα διὰ τὴν ἀντιμετώπισιν πάσης ἐνδεχομένης δυσχερείας, ἐπρόσθεσε δὲ ὅτι ἡ συνεργασία μετὰ τῶν συμμάχων χωρῶν παραμένει στενή.

Ο κ. ΚΡΟΥΣΤΣΕΦ ΑΝΕΒΑΛΕ ΤΗΝ ΜΕΤΑΒΑΣΙΝ ΤΟΥ ΕΙΣ ΤΟΝ ΕΥΣΕΙΝΟΝ

ΑΘΗΝΑΙ, 26.—Ἡ ἀνακοίνωσις τῆς κυβερνήσεως ἐγένετο δεκτὴ μὲ ἱκανοποίησιν ὑπὸ τῶν ἁρμοδίων κύκλων, οἱ ὁποῖοι τονίζουν ὅτι ἡ κατάστασις παρακολουθεῖται στενῶς. Κατὰ πληροφορίας ἐξ ἀξιοπίστου πηγῆς, αἱ συνομιλίαι θὰ συνεχισθοῦν καὶ κατὰ τὰς προσεχεῖς ἡμέρας, ὁπότε ἀναμένεται νὰ ληφθοῦν αἱ τελικαὶ ἀποφάσεις ἐπὶ τοῦ ζητήματος. Ὁ ἁρμόδιος ὑπουργὸς ἐδήλωσεν ὅτι ἡ κυβέρνησις ἔχει λάβει ὅλα τὰ ἀναγκαῖα μέτρα διὰ τὴν ἀντιμετώπισιν πάσης ἐνδεχομένης δυσχερείας, ἐπρόσθεσε δὲ ὅτι ἡ συνεργασία μετὰ τῶν συμμάχων χωρῶν παραμένει στενή.

ΤΕΡΜΑ

ΑΘΗΝΑΙ, 26.—Ἡ ἀνακοίνωσις τῆς κυβερνήσεως ἐγένετο δεκτὴ μὲ ἱκανοποίησιν ὑπὸ τῶν ἁρμοδίων κύκλων, οἱ ὁποῖοι τονίζουν ὅτι ἡ κατάστασις παρακολουθεῖται στενῶς. Κατὰ πληροφορίας ἐξ ἀξιοπίστου πηγῆς, αἱ συνομιλίαι θὰ συνεχισθοῦν καὶ κατὰ τὰς προσεχεῖς ἡμέρας, ὁπότε ἀναμένεται νὰ ληφθοῦν αἱ τελικαὶ ἀποφάσεις ἐπὶ τοῦ ζητήματος. Ὁ ἁρμόδιος ὑπουργὸς ἐδήλωσεν ὅτι ἡ κυβέρνησις ἔχει λάβει ὅλα τὰ ἀναγκαῖα μέτρα διὰ τὴν ἀντιμετώπισιν πάσης ἐνδεχομένης δυσχερείας, ἐπρόσθεσε δὲ ὅτι ἡ συνεργασία μετὰ τῶν συμμάχων χωρῶν παραμένει στενή.

ΚΗΔΕΙΑ

ΑΘΗΝΑΙ, 26.—Ἡ ἀνακοίνωσις τῆς κυβερνήσεως ἐγένετο δεκτὴ μὲ ἱκανοποίησιν ὑπὸ τῶν ἁρμοδίων κύκλων, οἱ ὁποῖοι τονίζουν ὅτι ἡ κατάστασις παρακολουθεῖται στενῶς. Κατὰ πληροφορίας ἐξ ἀξιοπίστου πηγῆς, αἱ συνομιλίαι θὰ συνεχισθοῦν καὶ κατὰ τὰς προσεχεῖς ἡμέρας, ὁπότε ἀναμένεται νὰ ληφθοῦν αἱ τελικαὶ ἀποφάσεις ἐπὶ τοῦ ζητήματος. Ὁ ἁρμόδιος ὑπουργὸς ἐδήλωσεν ὅτι ἡ κυβέρνησις ἔχει λάβει ὅλα τὰ ἀναγκαῖα μέτρα διὰ τὴν ἀντιμετώπισιν πάσης ἐνδεχομένης δυσχερείας, ἐπρόσθεσε δὲ ὅτι ἡ συνεργασία μετὰ τῶν συμμάχων χωρῶν παραμένει στενή.

ΣΤΡΑΤΕΥΜΑΤΑ ΤΗΣ Δ. ΓΕΡΜΑΝΙΑΣ ΘΑ ΕΚΠΑΙΔΕΥΩΝΤΑΙ ΕΙΣ ΓΑΛΛΙΑΝ ΒΑΣΕΙ ΥΠΟΓΡΑΦΕΙΣΗΣ ΣΥΜΦΩΝΙΑΣ
Ἡ πρώτη ὁμάς, δυνάμεως 200 στρατιωτῶν ἀφίχθη χθὲς ὡς προπομπὸς τῶν εἰς Γαλλίαν

ΑΘΗΝΑΙ, 26.—Ἡ ἀνακοίνωσις τῆς κυβερνήσεως ἐγένετο δεκτὴ μὲ ἱκανοποίησιν ὑπὸ τῶν ἁρμοδίων κύκλων, οἱ ὁποῖοι τονίζουν ὅτι ἡ κατάστασις παρακολουθεῖται στενῶς. Κατὰ πληροφορίας ἐξ ἀξιοπίστου πηγῆς, αἱ συνομιλίαι θὰ συνεχισθοῦν καὶ κατὰ τὰς προσεχεῖς ἡμέρας, ὁπότε ἀναμένεται νὰ ληφθοῦν αἱ τελικαὶ ἀποφάσεις ἐπὶ τοῦ ζητήματος. Ὁ ἁρμόδιος ὑπουργὸς ἐδήλωσεν ὅτι ἡ κυβέρνησις ἔχει λάβει ὅλα τὰ ἀναγκαῖα μέτρα διὰ τὴν ἀντιμετώπισιν πάσης ἐνδεχομένης δυσχερείας, ἐπρόσθεσε δὲ ὅτι ἡ συνεργασία μετὰ τῶν συμμάχων χωρῶν παραμένει στενή.

ΑΘΗΝΑΙ, 26.—Ἡ ἀνακοίνωσις τῆς κυβερνήσεως ἐγένετο δεκτὴ μὲ ἱκανοποίησιν ὑπὸ τῶν ἁρμοδίων κύκλων, οἱ ὁποῖοι τονίζουν ὅτι ἡ κατάστασις παρακολουθεῖται στενῶς. Κατὰ πληροφορίας ἐξ ἀξιοπίστου πηγῆς, αἱ συνομιλίαι θὰ συνεχισθοῦν καὶ κατὰ τὰς προσεχεῖς ἡμέρας, ὁπότε ἀναμένεται νὰ ληφθοῦν αἱ τελικαὶ ἀποφάσεις ἐπὶ τοῦ ζητήματος. Ὁ ἁρμόδιος ὑπουργὸς ἐδήλωσεν ὅτι ἡ κυβέρνησις ἔχει λάβει ὅλα τὰ ἀναγκαῖα μέτρα διὰ τὴν ἀντιμετώπισιν πάσης ἐνδεχομένης δυσχερείας, ἐπρόσθεσε δὲ ὅτι ἡ συνεργασία μετὰ τῶν συμμάχων χωρῶν παραμένει στενή.

ΤΙ ΛΕΓΕΙ Η ΒΟΝΝΗ

ΑΘΗΝΑΙ, 26.—Ἡ ἀνακοίνωσις τῆς κυβερνήσεως ἐγένετο δεκτὴ μὲ ἱκανοποίησιν ὑπὸ τῶν ἁρμοδίων κύκλων, οἱ ὁποῖοι τονίζουν ὅτι ἡ κατάστασις παρακολουθεῖται στενῶς. Κατὰ πληροφορίας ἐξ ἀξιοπίστου πηγῆς, αἱ συνομιλίαι θὰ συνεχισθοῦν καὶ κατὰ τὰς προσεχεῖς ἡμέρας, ὁπότε ἀναμένεται νὰ ληφθοῦν αἱ τελικαὶ ἀποφάσεις ἐπὶ τοῦ ζητήματος. Ὁ ἁρμόδιος ὑπουργὸς ἐδήλωσεν ὅτι ἡ κυβέρνησις ἔχει λάβει ὅλα τὰ ἀναγκαῖα μέτρα διὰ τὴν ἀντιμετώπισιν πάσης ἐνδεχομένης δυσχερείας, ἐπρόσθεσε δὲ ὅτι ἡ συνεργασία μετὰ τῶν συμμάχων χωρῶν παραμένει στενή.

ΑΘΗΝΑΙ, 26.—Ἡ ἀνακοίνωσις τῆς κυβερνήσεως ἐγένετο δεκτὴ μὲ ἱκανοποίησιν ὑπὸ τῶν ἁρμοδίων κύκλων, οἱ ὁποῖοι τονίζουν ὅτι ἡ κατάστασις παρακολουθεῖται στενῶς. Κατὰ πληροφορίας ἐξ ἀξιοπίστου πηγῆς, αἱ συνομιλίαι θὰ συνεχισθοῦν καὶ κατὰ τὰς προσεχεῖς ἡμέρας, ὁπότε ἀναμένεται νὰ ληφθοῦν αἱ τελικαὶ ἀποφάσεις ἐπὶ τοῦ ζητήματος. Ὁ ἁρμόδιος ὑπουργὸς ἐδήλωσεν ὅτι ἡ κυβέρνησις ἔχει λάβει ὅλα τὰ ἀναγκαῖα μέτρα διὰ τὴν ἀντιμετώπισιν πάσης ἐνδεχομένης δυσχερείας, ἐπρόσθεσε δὲ ὅτι ἡ συνεργασία μετὰ τῶν συμμάχων χωρῶν παραμένει στενή.

ΔΙΑΣΦΑΛΙΣΕΙΣ ΤΟΥ ΛΑΟΥ

ΑΘΗΝΑΙ, 26.—Ἡ ἀνακοίνωσις τῆς κυβερνήσεως ἐγένετο δεκτὴ μὲ ἱκανοποίησιν ὑπὸ τῶν ἁρμοδίων κύκλων, οἱ ὁποῖοι τονίζουν ὅτι ἡ κατάστασις παρακολουθεῖται στενῶς. Κατὰ πληροφορίας ἐξ ἀξιοπίστου πηγῆς, αἱ συνομιλίαι θὰ συνεχισθοῦν καὶ κατὰ τὰς προσεχεῖς ἡμέρας, ὁπότε ἀναμένεται νὰ ληφθοῦν αἱ τελικαὶ ἀποφάσεις ἐπὶ τοῦ ζητήματος. Ὁ ἁρμόδιος ὑπουργὸς ἐδήλωσεν ὅτι ἡ κυβέρνησις ἔχει λάβει ὅλα τὰ ἀναγκαῖα μέτρα διὰ τὴν ἀντιμετώπισιν πάσης ἐνδεχομένης δυσχερείας, ἐπρόσθεσε δὲ ὅτι ἡ συνεργασία μετὰ τῶν συμμάχων χωρῶν παραμένει στενή.

Η ΠΡΟΠΟΜΠΟΣ

ΑΘΗΝΑΙ, 26.—Ἡ ἀνακοίνωσις τῆς κυβερνήσεως ἐγένετο δεκτὴ μὲ ἱκανοποίησιν ὑπὸ τῶν ἁρμοδίων κύκλων, οἱ ὁποῖοι τονίζουν ὅτι ἡ κατάστασις παρακολουθεῖται στενῶς. Κατὰ πληροφορίας ἐξ ἀξιοπίστου πηγῆς, αἱ συνομιλίαι θὰ συνεχισθοῦν καὶ κατὰ τὰς προσεχεῖς ἡμέρας, ὁπότε ἀναμένεται νὰ ληφθοῦν αἱ τελικαὶ ἀποφάσεις ἐπὶ τοῦ ζητήματος. Ὁ ἁρμόδιος ὑπουργὸς ἐδήλωσεν ὅτι ἡ κυβέρνησις ἔχει λάβει ὅλα τὰ ἀναγκαῖα μέτρα διὰ τὴν ἀντιμετώπισιν πάσης ἐνδεχομένης δυσχερείας, ἐπρόσθεσε δὲ ὅτι ἡ συνεργασία μετὰ τῶν συμμάχων χωρῶν παραμένει στενή.

ΑΘΗΝΑΙ, 26.—Ἡ ἀνακοίνωσις τῆς κυβερνήσεως ἐγένετο δεκτὴ μὲ ἱκανοποίησιν ὑπὸ τῶν ἁρμοδίων κύκλων, οἱ ὁποῖοι τονίζουν ὅτι ἡ κατάστασις παρακολουθεῖται στενῶς. Κατὰ πληροφορίας ἐξ ἀξιοπίστου πηγῆς, αἱ συνομιλίαι θὰ συνεχισθοῦν καὶ κατὰ τὰς προσεχεῖς ἡμέρας, ὁπότε ἀναμένεται νὰ ληφθοῦν αἱ τελικαὶ ἀποφάσεις ἐπὶ τοῦ ζητήματος. Ὁ ἁρμόδιος ὑπουργὸς ἐδήλωσεν ὅτι ἡ κυβέρνησις ἔχει λάβει ὅλα τὰ ἀναγκαῖα μέτρα διὰ τὴν ἀντιμετώπισιν πάσης ἐνδεχομένης δυσχερείας, ἐπρόσθεσε δὲ ὅτι ἡ συνεργασία μετὰ τῶν συμμάχων χωρῶν παραμένει στενή.

ΑΘΗΝΑΙ, 26.—Ἡ ἀνακοίνωσις τῆς κυβερνήσεως ἐγένετο δεκτὴ μὲ ἱκανοποίησιν ὑπὸ τῶν ἁρμοδίων κύκλων, οἱ ὁποῖοι τονίζουν ὅτι ἡ κατάστασις παρακολουθεῖται στενῶς. Κατὰ πληροφορίας ἐξ ἀξιοπίστου πηγῆς, αἱ συνομιλίαι θὰ συνεχισθοῦν καὶ κατὰ τὰς προσεχεῖς ἡμέρας, ὁπότε ἀναμένεται νὰ ληφθοῦν αἱ τελικαὶ ἀποφάσεις ἐπὶ τοῦ ζητήματος. Ὁ ἁρμόδιος ὑπουργὸς ἐδήλωσεν ὅτι ἡ κυβέρνησις ἔχει λάβει ὅλα τὰ ἀναγκαῖα μέτρα διὰ τὴν ἀντιμετώπισιν πάσης ἐνδεχομένης δυσχερείας, ἐπρόσθεσε δὲ ὅτι ἡ συνεργασία μετὰ τῶν συμμάχων χωρῶν παραμένει στενή.

ΠΡΟΣ ΣΤΕΝΗΝ ΣΥΝΕΡΓΑΣΙΑΝ

ΑΘΗΝΑΙ, 26.—Ἡ ἀνακοίνωσις τῆς κυβερνήσεως ἐγένετο δεκτὴ μὲ ἱκανοποίησιν ὑπὸ τῶν ἁρμοδίων κύκλων, οἱ ὁποῖοι τονίζουν ὅτι ἡ κατάστασις παρακολουθεῖται στενῶς. Κατὰ πληροφορίας ἐξ ἀξιοπίστου πηγῆς, αἱ συνομιλίαι θὰ συνεχισθοῦν καὶ κατὰ τὰς προσεχεῖς ἡμέρας, ὁπότε ἀναμένεται νὰ ληφθοῦν αἱ τελικαὶ ἀποφάσεις ἐπὶ τοῦ ζητήματος. Ὁ ἁρμόδιος ὑπουργὸς ἐδήλωσεν ὅτι ἡ κυβέρνησις ἔχει λάβει ὅλα τὰ ἀναγκαῖα μέτρα διὰ τὴν ἀντιμετώπισιν πάσης ἐνδεχομένης δυσχερείας, ἐπρόσθεσε δὲ ὅτι ἡ συνεργασία μετὰ τῶν συμμάχων χωρῶν παραμένει στενή.

Διαφορὰν μισθοῦ ἀπὸ 2,25 ἕως 44,75 δραχμῶν λαμβάνουν μὲ τὴν περιβόητον αὔξησιν οἱ ὑπάλληλοι Ν. Π. Δημοσίου Δικαίου

ΑΘΗΝΑΙ, 26.—Ἡ ἀνακοίνωσις τῆς κυβερνήσεως ἐγένετο δεκτὴ μὲ ἱκανοποίησιν ὑπὸ τῶν ἁρμοδίων κύκλων, οἱ ὁποῖοι τονίζουν ὅτι ἡ κατάστασις παρακολουθεῖται στενῶς. Κατὰ πληροφορίας ἐξ ἀξιοπίστου πηγῆς, αἱ συνομιλίαι θὰ συνεχισθοῦν καὶ κατὰ τὰς προσεχεῖς ἡμέρας, ὁπότε ἀναμένεται νὰ ληφθοῦν αἱ τελικαὶ ἀποφάσεις ἐπὶ τοῦ ζητήματος. Ὁ ἁρμόδιος ὑπουργὸς ἐδήλωσεν ὅτι ἡ κυβέρνησις ἔχει λάβει ὅλα τὰ ἀναγκαῖα μέτρα διὰ τὴν ἀντιμετώπισιν πάσης ἐνδεχομένης δυσχερείας, ἐπρόσθεσε δὲ ὅτι ἡ συνεργασία μετὰ τῶν συμμάχων χωρῶν παραμένει στενή.

ΑΘΗΝΑΙ, 26.—Ἡ ἀνακοίνωσις τῆς κυβερνήσεως ἐγένετο δεκτὴ μὲ ἱκανοποίησιν ὑπὸ τῶν ἁρμοδίων κύκλων, οἱ ὁποῖοι τονίζουν ὅτι ἡ κατάστασις παρακολουθεῖται στενῶς. Κατὰ πληροφορίας ἐξ ἀξιοπίστου πηγῆς, αἱ συνομιλίαι θὰ συνεχισθοῦν καὶ κατὰ τὰς προσεχεῖς ἡμέρας, ὁπότε ἀναμένεται νὰ ληφθοῦν αἱ τελικαὶ ἀποφάσεις ἐπὶ τοῦ ζητήματος. Ὁ ἁρμόδιος ὑπουργὸς ἐδήλωσεν ὅτι ἡ κυβέρνησις ἔχει λάβει ὅλα τὰ ἀναγκαῖα μέτρα διὰ τὴν ἀντιμετώπισιν πάσης ἐνδεχομένης δυσχερείας, ἐπρόσθεσε δὲ ὅτι ἡ συνεργασία μετὰ τῶν συμμάχων χωρῶν παραμένει στενή.

ΑΙ ΣΥΝΤΑΞΕΙΣ

ΑΘΗΝΑΙ, 26.—Ἡ ἀνακοίνωσις τῆς κυβερνήσεως ἐγένετο δεκτὴ μὲ ἱκανοποίησιν ὑπὸ τῶν ἁρμοδίων κύκλων, οἱ ὁποῖοι τονίζουν ὅτι ἡ κατάστασις παρακολουθεῖται στενῶς. Κατὰ πληροφορίας ἐξ ἀξιοπίστου πηγῆς, αἱ συνομιλίαι θὰ συνεχισθοῦν καὶ κατὰ τὰς προσεχεῖς ἡμέρας, ὁπότε ἀναμένεται νὰ ληφθοῦν αἱ τελικαὶ ἀποφάσεις ἐπὶ τοῦ ζητήματος. Ὁ ἁρμόδιος ὑπουργὸς ἐδήλωσεν ὅτι ἡ κυβέρνησις ἔχει λάβει ὅλα τὰ ἀναγκαῖα μέτρα διὰ τὴν ἀντιμετώπισιν πάσης ἐνδεχομένης δυσχερείας, ἐπρόσθεσε δὲ ὅτι ἡ συνεργασία μετὰ τῶν συμμάχων χωρῶν παραμένει στενή.

ΑΝΑΚΟΙΝΩΣΙΣ ΤΗΣ ΑΔΕΔΥ

ΑΘΗΝΑΙ, 26.—Ἡ ἀνακοίνωσις τῆς κυβερνήσεως ἐγένετο δεκτὴ μὲ ἱκανοποίησιν ὑπὸ τῶν ἁρμοδίων κύκλων, οἱ ὁποῖοι τονίζουν ὅτι ἡ κατάστασις παρακολουθεῖται στενῶς. Κατὰ πληροφορίας ἐξ ἀξιοπίστου πηγῆς, αἱ συνομιλίαι θὰ συνεχισθοῦν καὶ κατὰ τὰς προσεχεῖς ἡμέρας, ὁπότε ἀναμένεται νὰ ληφθοῦν αἱ τελικαὶ ἀποφάσεις ἐπὶ τοῦ ζητήματος. Ὁ ἁρμόδιος ὑπουργὸς ἐδήλωσεν ὅτι ἡ κυβέρνησις ἔχει λάβει ὅλα τὰ ἀναγκαῖα μέτρα διὰ τὴν ἀντιμετώπισιν πάσης ἐνδεχομένης δυσχερείας, ἐπρόσθεσε δὲ ὅτι ἡ συνεργασία μετὰ τῶν συμμάχων χωρῶν παραμένει στενή.

ΑΘΗΝΑΙ, 26.—Ἡ ἀνακοίνωσις τῆς κυβερνήσεως ἐγένετο δεκτὴ μὲ ἱκανοποίησιν ὑπὸ τῶν ἁρμοδίων κύκλων, οἱ ὁποῖοι τονίζουν ὅτι ἡ κατάστασις παρακολουθεῖται στενῶς. Κατὰ πληροφορίας ἐξ ἀξιοπίστου πηγῆς, αἱ συνομιλίαι θὰ συνεχισθοῦν καὶ κατὰ τὰς προσεχεῖς ἡμέρας, ὁπότε ἀναμένεται νὰ ληφθοῦν αἱ τελικαὶ ἀποφάσεις ἐπὶ τοῦ ζητήματος. Ὁ ἁρμόδιος ὑπουργὸς ἐδήλωσεν ὅτι ἡ κυβέρνησις ἔχει λάβει ὅλα τὰ ἀναγκαῖα μέτρα διὰ τὴν ἀντιμετώπισιν πάσης ἐνδεχομένης δυσχερείας, ἐπρόσθεσε δὲ ὅτι ἡ συνεργασία μετὰ τῶν συμμάχων χωρῶν παραμένει στενή.

Βαθμὸς Α΄ ... 27,70
Βαθμὸς Β΄ ... 19,75
Τμήματος Α΄ ... 5,75
Τμήματος Β΄ ... 2,25
Εἰσηγητὴς ... 13,00
Γραμματεὺς ... 44,75
Γραμματεὺς ... 32,15

ΑΘΗΝΑΙ, 26.—Ἡ ἀνακοίνωσις τῆς κυβερνήσεως ἐγένετο δεκτὴ μὲ ἱκανοποίησιν ὑπὸ τῶν ἁρμοδίων κύκλων, οἱ ὁποῖοι τονίζουν ὅτι ἡ κατάστασις παρακολουθεῖται στενῶς. Κατὰ πληροφορίας ἐξ ἀξιοπίστου πηγῆς, αἱ συνομιλίαι θὰ συνεχισθοῦν καὶ κατὰ τὰς προσεχεῖς ἡμέρας, ὁπότε ἀναμένεται νὰ ληφθοῦν αἱ τελικαὶ ἀποφάσεις ἐπὶ τοῦ ζητήματος. Ὁ ἁρμόδιος ὑπουργὸς ἐδήλωσεν ὅτι ἡ κυβέρνησις ἔχει λάβει ὅλα τὰ ἀναγκαῖα μέτρα διὰ τὴν ἀντιμετώπισιν πάσης ἐνδεχομένης δυσχερείας, ἐπρόσθεσε δὲ ὅτι ἡ συνεργασία μετὰ τῶν συμμάχων χωρῶν παραμένει στενή.

Η ΔΙΟΙΚΗΣΙΣ ΤΗΣ Π.Ο.Σ.

ΑΘΗΝΑΙ, 26.—Ἡ ἀνακοίνωσις τῆς κυβερνήσεως ἐγένετο δεκτὴ μὲ ἱκανοποίησιν ὑπὸ τῶν ἁρμοδίων κύκλων, οἱ ὁποῖοι τονίζουν ὅτι ἡ κατάστασις παρακολουθεῖται στενῶς. Κατὰ πληροφορίας ἐξ ἀξιοπίστου πηγῆς, αἱ συνομιλίαι θὰ συνεχισθοῦν καὶ κατὰ τὰς προσεχεῖς ἡμέρας, ὁπότε ἀναμένεται νὰ ληφθοῦν αἱ τελικαὶ ἀποφάσεις ἐπὶ τοῦ ζητήματος. Ὁ ἁρμόδιος ὑπουργὸς ἐδήλωσεν ὅτι ἡ κυβέρνησις ἔχει λάβει ὅλα τὰ ἀναγκαῖα μέτρα διὰ τὴν ἀντιμετώπισιν πάσης ἐνδεχομένης δυσχερείας, ἐπρόσθεσε δὲ ὅτι ἡ συνεργασία μετὰ τῶν συμμάχων χωρῶν παραμένει στενή.

ΕΙΣ ΤΗΝ ΚΟΛΩΜΒΙΑΝ
ΔΥΟ ΟΙΚΟΓΕΝΕΙΑΙ ΕΠΟΛΕΜΗΣΑΝ ΜΕΤΑΞΥ ΤΩΝ...
ΤΟ ΕΦΟΝΕΥΘΗΣΑΝ ΚΑΤΑ ΤΗΝ ΜΑΧΗΝ

ΑΘΗΝΑΙ, 26.—Ἡ ἀνακοίνωσις τῆς κυβερνήσεως ἐγένετο δεκτὴ μὲ ἱκανοποίησιν ὑπὸ τῶν ἁρμοδίων κύκλων, οἱ ὁποῖοι τονίζουν ὅτι ἡ κατάστασις παρακολουθεῖται στενῶς. Κατὰ πληροφορίας ἐξ ἀξιοπίστου πηγῆς, αἱ συνομιλίαι θὰ συνεχισθοῦν καὶ κατὰ τὰς προσεχεῖς ἡμέρας, ὁπότε ἀναμένεται νὰ ληφθοῦν αἱ τελικαὶ ἀποφάσεις ἐπὶ τοῦ ζητήματος. Ὁ ἁρμόδιος ὑπουργὸς ἐδήλωσεν ὅτι ἡ κυβέρνησις ἔχει λάβει ὅλα τὰ ἀναγκαῖα μέτρα διὰ τὴν ἀντιμετώπισιν πάσης ἐνδεχομένης δυσχερείας, ἐπρόσθεσε δὲ ὅτι ἡ συνεργασία μετὰ τῶν συμμάχων χωρῶν παραμένει στενή.

ΙΣΧΥΡΟΣ ΣΕΙΣΜΟΣ ΑΝΕΥ ΘΥΜΑΤΩΝ ΕΙΣ ΑΡΓΕΝΤΙΝΗΝ

ΑΘΗΝΑΙ, 26.—Ἡ ἀνακοίνωσις τῆς κυβερνήσεως ἐγένετο δεκτὴ μὲ ἱκανοποίησιν ὑπὸ τῶν ἁρμοδίων κύκλων, οἱ ὁποῖοι τονίζουν ὅτι ἡ κατάστασις παρακολουθεῖται στενῶς. Κατὰ πληροφορίας ἐξ ἀξιοπίστου πηγῆς, αἱ συνομιλίαι θὰ συνεχισθοῦν καὶ κατὰ τὰς προσεχεῖς ἡμέρας, ὁπότε ἀναμένεται νὰ ληφθοῦν αἱ τελικαὶ ἀποφάσεις ἐπὶ τοῦ ζητήματος. Ὁ ἁρμόδιος ὑπουργὸς ἐδήλωσεν ὅτι ἡ κυβέρνησις ἔχει λάβει ὅλα τὰ ἀναγκαῖα μέτρα διὰ τὴν ἀντιμετώπισιν πάσης ἐνδεχομένης δυσχερείας, ἐπρόσθεσε δὲ ὅτι ἡ συνεργασία μετὰ τῶν συμμάχων χωρῶν παραμένει στενή.

ΡΩΣΟΙ ΤΕΧΝΙΚΟΙ ΑΦΙΧΘΗΣΑΝ ΕΙΣ ΔΑΜΑΣΚΟΝ
Ο ΕΠΙΣΤΗΜΟΝΙΚΟΣ ΔΙΟΙΚΗΤΙΚΟΣ

ΑΘΗΝΑΙ, 26.—Ἡ ἀνακοίνωσις τῆς κυβερνήσεως ἐγένετο δεκτὴ μὲ ἱκανοποίησιν ὑπὸ τῶν ἁρμοδίων κύκλων, οἱ ὁποῖοι τονίζουν ὅτι ἡ κατάστασις παρακολουθεῖται στενῶς. Κατὰ πληροφορίας ἐξ ἀξιοπίστου πηγῆς, αἱ συνομιλίαι θὰ συνεχισθοῦν καὶ κατὰ τὰς προσεχεῖς ἡμέρας, ὁπότε ἀναμένεται νὰ ληφθοῦν αἱ τελικαὶ ἀποφάσεις ἐπὶ τοῦ ζητήματος. Ὁ ἁρμόδιος ὑπουργὸς ἐδήλωσεν ὅτι ἡ κυβέρνησις ἔχει λάβει ὅλα τὰ ἀναγκαῖα μέτρα διὰ τὴν ἀντιμετώπισιν πάσης ἐνδεχομένης δυσχερείας, ἐπρόσθεσε δὲ ὅτι ἡ συνεργασία μετὰ τῶν συμμάχων χωρῶν παραμένει στενή.

Η ΠΥΡΗΝΙΚΗ ΔΙΑΣΚΕΨΙΣ ΣΥΝΕΧΙΖΕΙ ΕΝ ΓΕΝΕΥΗ ΤΑΣ ΕΡΓΑΣΙΑΣ ΤΗΣ

ΑΘΗΝΑΙ, 26.—Ἡ ἀνακοίνωσις τῆς κυβερνήσεως ἐγένετο δεκτὴ μὲ ἱκανοποίησιν ὑπὸ τῶν ἁρμοδίων κύκλων, οἱ ὁποῖοι τονίζουν ὅτι ἡ κατάστασις παρακολουθεῖται στενῶς. Κατὰ πληροφορίας ἐξ ἀξιοπίστου πηγῆς, αἱ συνομιλίαι θὰ συνεχισθοῦν καὶ κατὰ τὰς προσεχεῖς ἡμέρας, ὁπότε ἀναμένεται νὰ ληφθοῦν αἱ τελικαὶ ἀποφάσεις ἐπὶ τοῦ ζητήματος. Ὁ ἁρμόδιος ὑπουργὸς ἐδήλωσεν ὅτι ἡ κυβέρνησις ἔχει λάβει ὅλα τὰ ἀναγκαῖα μέτρα διὰ τὴν ἀντιμετώπισιν πάσης ἐνδεχομένης δυσχερείας, ἐπρόσθεσε δὲ ὅτι ἡ συνεργασία μετὰ τῶν συμμάχων χωρῶν παραμένει στενή.

Η «ΣΑΟΥΑ» ΚΑΤΑΡΓΕΙ ΔΥΟ ΔΡΟΜΟΛΟΓΙΑ ΤΗΣ

ΑΘΗΝΑΙ, 26.—Ἡ ἀνακοίνωσις τῆς κυβερνήσεως ἐγένετο δεκτὴ μὲ ἱκανοποίησιν ὑπὸ τῶν ἁρμοδίων κύκλων, οἱ ὁποῖοι τονίζουν ὅτι ἡ κατάστασις παρακολουθεῖται στενῶς. Κατὰ πληροφορίας ἐξ ἀξιοπίστου πηγῆς, αἱ συνομιλίαι θὰ συνεχισθοῦν καὶ κατὰ τὰς προσεχεῖς ἡμέρας, ὁπότε ἀναμένεται νὰ ληφθοῦν αἱ τελικαὶ ἀποφάσεις ἐπὶ τοῦ ζητήματος. Ὁ ἁρμόδιος ὑπουργὸς ἐδήλωσεν ὅτι ἡ κυβέρνησις ἔχει λάβει ὅλα τὰ ἀναγκαῖα μέτρα διὰ τὴν ἀντιμετώπισιν πάσης ἐνδεχομένης δυσχερείας, ἐπρόσθεσε δὲ ὅτι ἡ συνεργασία μετὰ τῶν συμμάχων χωρῶν παραμένει στενή.

ΤΡΕΙΣ ΕΚΡΗΞΕΙΣ ΕΙΣ ΔΑΜΑΣΚΟΝ

ΑΘΗΝΑΙ, 26.—Ἡ ἀνακοίνωσις τῆς κυβερνήσεως ἐγένετο δεκτὴ μὲ ἱκανοποίησιν ὑπὸ τῶν ἁρμοδίων κύκλων, οἱ ὁποῖοι τονίζουν ὅτι ἡ κατάστασις παρακολουθεῖται στενῶς. Κατὰ πληροφορίας ἐξ ἀξιοπίστου πηγῆς, αἱ συνομιλίαι θὰ συνεχισθοῦν καὶ κατὰ τὰς προσεχεῖς ἡμέρας, ὁπότε ἀναμένεται νὰ ληφθοῦν αἱ τελικαὶ ἀποφάσεις ἐπὶ τοῦ ζητήματος. Ὁ ἁρμόδιος ὑπουργὸς ἐδήλωσεν ὅτι ἡ κυβέρνησις ἔχει λάβει ὅλα τὰ ἀναγκαῖα μέτρα διὰ τὴν ἀντιμετώπισιν πάσης ἐνδεχομένης δυσχερείας, ἐπρόσθεσε δὲ ὅτι ἡ συνεργασία μετὰ τῶν συμμάχων χωρῶν παραμένει στενή.

ΠΑΡΗΤΗΘΗ

ΑΘΗΝΑΙ, 26.—Ἡ ἀνακοίνωσις τῆς κυβερνήσεως ἐγένετο δεκτὴ μὲ ἱκανοποίησιν ὑπὸ τῶν ἁρμοδίων κύκλων, οἱ ὁποῖοι τονίζουν ὅτι ἡ κατάστασις παρακολουθεῖται στενῶς. Κατὰ πληροφορίας ἐξ ἀξιοπίστου πηγῆς, αἱ συνομιλίαι θὰ συνεχισθοῦν καὶ κατὰ τὰς προσεχεῖς ἡμέρας, ὁπότε ἀναμένεται νὰ ληφθοῦν αἱ τελικαὶ ἀποφάσεις ἐπὶ τοῦ ζητήματος. Ὁ ἁρμόδιος ὑπουργὸς ἐδήλωσεν ὅτι ἡ κυβέρνησις ἔχει λάβει ὅλα τὰ ἀναγκαῖα μέτρα διὰ τὴν ἀντιμετώπισιν πάσης ἐνδεχομένης δυσχερείας, ἐπρόσθεσε δὲ ὅτι ἡ συνεργασία μετὰ τῶν συμμάχων χωρῶν παραμένει στενή.

Η ΚΟΜΜΟΥΝΙΣΤΙΚΗ ΚΙΝΑ ΕΚΠΑΙΔΕΥΕΙ ΕΙΣ ΤΗΝ ΧΑ-Ι-ΝΑΝ ΚΑΙ ΤΟ ΦΟΥΚΙΕΝ 25.000 ΕΘΕΛΟΝΤΑΣ ΔΙΑ ΤΟ ΑΛΓΕΡΙΟΝ

ΑΘΗΝΑΙ, 26.—Ἡ ἀνακοίνωσις τῆς κυβερνήσεως ἐγένετο δεκτὴ μὲ ἱκανοποίησιν ὑπὸ τῶν ἁρμοδίων κύκλων, οἱ ὁποῖοι τονίζουν ὅτι ἡ κατάστασις παρακολουθεῖται στενῶς. Κατὰ πληροφορίας ἐξ ἀξιοπίστου πηγῆς, αἱ συνομιλίαι θὰ συνεχισθοῦν καὶ κατὰ τὰς προσεχεῖς ἡμέρας, ὁπότε ἀναμένεται νὰ ληφθοῦν αἱ τελικαὶ ἀποφάσεις ἐπὶ τοῦ ζητήματος. Ὁ ἁρμόδιος ὑπουργὸς ἐδήλωσεν ὅτι ἡ κυβέρνησις ἔχει λάβει ὅλα τὰ ἀναγκαῖα μέτρα διὰ τὴν ἀντιμετώπισιν πάσης ἐνδεχομένης δυσχερείας, ἐπρόσθεσε δὲ ὅτι ἡ συνεργασία μετὰ τῶν συμμάχων χωρῶν παραμένει στενή.

ΑΘΗΝΑΙ, 26.—Ἡ ἀνακοίνωσις τῆς κυβερνήσεως ἐγένετο δεκτὴ μὲ ἱκανοποίησιν ὑπὸ τῶν ἁρμοδίων κύκλων, οἱ ὁποῖοι τονίζουν ὅτι ἡ κατάστασις παρακολουθεῖται στενῶς. Κατὰ πληροφορίας ἐξ ἀξιοπίστου πηγῆς, αἱ συνομιλίαι θὰ συνεχισθοῦν καὶ κατὰ τὰς προσεχεῖς ἡμέρας, ὁπότε ἀναμένεται νὰ ληφθοῦν αἱ τελικαὶ ἀποφάσεις ἐπὶ τοῦ ζητήματος. Ὁ ἁρμόδιος ὑπουργὸς ἐδήλωσεν ὅτι ἡ κυβέρνησις ἔχει λάβει ὅλα τὰ ἀναγκαῖα μέτρα διὰ τὴν ἀντιμετώπισιν πάσης ἐνδεχομένης δυσχερείας, ἐπρόσθεσε δὲ ὅτι ἡ συνεργασία μετὰ τῶν συμμάχων χωρῶν παραμένει στενή.

ΤΟ ΕΝ ΓΑΛΛΙΑ ΕΠΙΤΕΛΕΙΟΝ

ΑΘΗΝΑΙ, 26.—Ἡ ἀνακοίνωσις τῆς κυβερνήσεως ἐγένετο δεκτὴ μὲ ἱκανοποίησιν ὑπὸ τῶν ἁρμοδίων κύκλων, οἱ ὁποῖοι τονίζουν ὅτι ἡ κατάστασις παρακολουθεῖται στενῶς. Κατὰ πληροφορίας ἐξ ἀξιοπίστου πηγῆς, αἱ συνομιλίαι θὰ συνεχισθοῦν καὶ κατὰ τὰς προσεχεῖς ἡμέρας, ὁπότε ἀναμένεται νὰ ληφθοῦν αἱ τελικαὶ ἀποφάσεις ἐπὶ τοῦ ζητήματος. Ὁ ἁρμόδιος ὑπουργὸς ἐδήλωσεν ὅτι ἡ κυβέρνησις ἔχει λάβει ὅλα τὰ ἀναγκαῖα μέτρα διὰ τὴν ἀντιμετώπισιν πάσης ἐνδεχομένης δυσχερείας, ἐπρόσθεσε δὲ ὅτι ἡ συνεργασία μετὰ τῶν συμμάχων χωρῶν παραμένει στενή.

ΑΘΗΝΑΙ, 26.—Ἡ ἀνακοίνωσις τῆς κυβερνήσεως ἐγένετο δεκτὴ μὲ ἱκανοποίησιν ὑπὸ τῶν ἁρμοδίων κύκλων, οἱ ὁποῖοι τονίζουν ὅτι ἡ κατάστασις παρακολουθεῖται στενῶς. Κατὰ πληροφορίας ἐξ ἀξιοπίστου πηγῆς, αἱ συνομιλίαι θὰ συνεχισθοῦν καὶ κατὰ τὰς προσεχεῖς ἡμέρας, ὁπότε ἀναμένεται νὰ ληφθοῦν αἱ τελικαὶ ἀποφάσεις ἐπὶ τοῦ ζητήματος. Ὁ ἁρμόδιος ὑπουργὸς ἐδήλωσεν ὅτι ἡ κυβέρνησις ἔχει λάβει ὅλα τὰ ἀναγκαῖα μέτρα διὰ τὴν ἀντιμετώπισιν πάσης ἐνδεχομένης δυσχερείας, ἐπρόσθεσε δὲ ὅτι ἡ συνεργασία μετὰ τῶν συμμάχων χωρῶν παραμένει στενή.

ΑΠΗΓΓΕΛΘΗ ΚΑΤΗΓΟΡΙΑ

ΑΘΗΝΑΙ, 26.—Ἡ ἀνακοίνωσις τῆς κυβερνήσεως ἐγένετο δεκτὴ μὲ ἱκανοποίησιν ὑπὸ τῶν ἁρμοδίων κύκλων, οἱ ὁποῖοι τονίζουν ὅτι ἡ κατάστασις παρακολουθεῖται στενῶς. Κατὰ πληροφορίας ἐξ ἀξιοπίστου πηγῆς, αἱ συνομιλίαι θὰ συνεχισθοῦν καὶ κατὰ τὰς προσεχεῖς ἡμέρας, ὁπότε ἀναμένεται νὰ ληφθοῦν αἱ τελικαὶ ἀποφάσεις ἐπὶ τοῦ ζητήματος. Ὁ ἁρμόδιος ὑπουργὸς ἐδήλωσεν ὅτι ἡ κυβέρνησις ἔχει λάβει ὅλα τὰ ἀναγκαῖα μέτρα διὰ τὴν ἀντιμετώπισιν πάσης ἐνδεχομένης δυσχερείας, ἐπρόσθεσε δὲ ὅτι ἡ συνεργασία μετὰ τῶν συμμάχων χωρῶν παραμένει στενή.

ΑΠΟΔΡΑΣΙΣ ΚΑΤΑΔΙΚΩΝ

ΑΘΗΝΑΙ, 26.—Ἡ ἀνακοίνωσις τῆς κυβερνήσεως ἐγένετο δεκτὴ μὲ ἱκανοποίησιν ὑπὸ τῶν ἁρμοδίων κύκλων, οἱ ὁποῖοι τονίζουν ὅτι ἡ κατάστασις παρακολουθεῖται στενῶς. Κατὰ πληροφορίας ἐξ ἀξιοπίστου πηγῆς, αἱ συνομιλίαι θὰ συνεχισθοῦν καὶ κατὰ τὰς προσεχεῖς ἡμέρας, ὁπότε ἀναμένεται νὰ ληφθοῦν αἱ τελικαὶ ἀποφάσεις ἐπὶ τοῦ ζητήματος. Ὁ ἁρμόδιος ὑπουργὸς ἐδήλωσεν ὅτι ἡ κυβέρνησις ἔχει λάβει ὅλα τὰ ἀναγκαῖα μέτρα διὰ τὴν ἀντιμετώπισιν πάσης ἐνδεχομένης δυσχερείας, ἐπρόσθεσε δὲ ὅτι ἡ συνεργασία μετὰ τῶν συμμάχων χωρῶν παραμένει στενή.

ΝΕΑ ΚΑΤΗΓΟΡΙΑ ΑΠΗΓΓΕΛΘΗ ΧΘΕΣ ΚΑΤΑ ΤΩΝ ΜΕΝΤΕΡΕΣ ΚΑΙ ΜΠΑΓΙΑΡ ΔΙΑ ΤΑΣ ΤΑΡΑΧΑΣ ΤΟΥ ΑΠΡΙΛΙΟΥ
ΘΑΝΑΤΟΣ Η ΠΡΟΒΛΕΠΟΜΕΝΗ ΠΟΙΝΗ

ΑΘΗΝΑΙ, 26.—Ἡ ἀνακοίνωσις τῆς κυβερνήσεως ἐγένετο δεκτὴ μὲ ἱκανοποίησιν ὑπὸ τῶν ἁρμοδίων κύκλων, οἱ ὁποῖοι τονίζουν ὅτι ἡ κατάστασις παρακολουθεῖται στενῶς. Κατὰ πληροφορίας ἐξ ἀξιοπίστου πηγῆς, αἱ συνομιλίαι θὰ συνεχισθοῦν καὶ κατὰ τὰς προσεχεῖς ἡμέρας, ὁπότε ἀναμένεται νὰ ληφθοῦν αἱ τελικαὶ ἀποφάσεις ἐπὶ τοῦ ζητήματος. Ὁ ἁρμόδιος ὑπουργὸς ἐδήλωσεν ὅτι ἡ κυβέρνησις ἔχει λάβει ὅλα τὰ ἀναγκαῖα μέτρα διὰ τὴν ἀντιμετώπισιν πάσης ἐνδεχομένης δυσχερείας, ἐπρόσθεσε δὲ ὅτι ἡ συνεργασία μετὰ τῶν συμμάχων χωρῶν παραμένει στενή.

ΑΘΗΝΑΙ, 26.—Ἡ ἀνακοίνωσις τῆς κυβερνήσεως ἐγένετο δεκτὴ μὲ ἱκανοποίησιν ὑπὸ τῶν ἁρμοδίων κύκλων, οἱ ὁποῖοι τονίζουν ὅτι ἡ κατάστασις παρακολουθεῖται στενῶς. Κατὰ πληροφορίας ἐξ ἀξιοπίστου πηγῆς, αἱ συνομιλίαι θὰ συνεχισθοῦν καὶ κατὰ τὰς προσεχεῖς ἡμέρας, ὁπότε ἀναμένεται νὰ ληφθοῦν αἱ τελικαὶ ἀποφάσεις ἐπὶ τοῦ ζητήματος. Ὁ ἁρμόδιος ὑπουργὸς ἐδήλωσεν ὅτι ἡ κυβέρνησις ἔχει λάβει ὅλα τὰ ἀναγκαῖα μέτρα διὰ τὴν ἀντιμετώπισιν πάσης ἐνδεχομένης δυσχερείας, ἐπρόσθεσε δὲ ὅτι ἡ συνεργασία μετὰ τῶν συμμάχων χωρῶν παραμένει στενή.

ΑΘΗΝΑΙ, 26.—Ἡ ἀνακοίνωσις τῆς κυβερνήσεως ἐγένετο δεκτὴ μὲ ἱκανοποίησιν ὑπὸ τῶν ἁρμοδίων κύκλων, οἱ ὁποῖοι τονίζουν ὅτι ἡ κατάστασις παρακολουθεῖται στενῶς. Κατὰ πληροφορίας ἐξ ἀξιοπίστου πηγῆς, αἱ συνομιλίαι θὰ συνεχισθοῦν καὶ κατὰ τὰς προσεχεῖς ἡμέρας, ὁπότε ἀναμένεται νὰ ληφθοῦν αἱ τελικαὶ ἀποφάσεις ἐπὶ τοῦ ζητήματος. Ὁ ἁρμόδιος ὑπουργὸς ἐδήλωσεν ὅτι ἡ κυβέρνησις ἔχει λάβει ὅλα τὰ ἀναγκαῖα μέτρα διὰ τὴν ἀντιμετώπισιν πάσης ἐνδεχομένης δυσχερείας, ἐπρόσθεσε δὲ ὅτι ἡ συνεργασία μετὰ τῶν συμμάχων χωρῶν παραμένει στενή.

ΑΠΟΦΑΣΙΣ ΚΑΤΑ ΤΟΥ ΙΝΟΝΟΥ

ΑΘΗΝΑΙ, 26.—Ἡ ἀνακοίνωσις τῆς κυβερνήσεως ἐγένετο δεκτὴ μὲ ἱκανοποίησιν ὑπὸ τῶν ἁρμοδίων κύκλων, οἱ ὁποῖοι τονίζουν ὅτι ἡ κατάστασις παρακολουθεῖται στενῶς. Κατὰ πληροφορίας ἐξ ἀξιοπίστου πηγῆς, αἱ συνομιλίαι θὰ συνεχισθοῦν καὶ κατὰ τὰς προσεχεῖς ἡμέρας, ὁπότε ἀναμένεται νὰ ληφθοῦν αἱ τελικαὶ ἀποφάσεις ἐπὶ τοῦ ζητήματος. Ὁ ἁρμόδιος ὑπουργὸς ἐδήλωσεν ὅτι ἡ κυβέρνησις ἔχει λάβει ὅλα τὰ ἀναγκαῖα μέτρα διὰ τὴν ἀντιμετώπισιν πάσης ἐνδεχομένης δυσχερείας, ἐπρόσθεσε δὲ ὅτι ἡ συνεργασία μετὰ τῶν συμμάχων χωρῶν παραμένει στενή.

Ο ΔΙΚΗΓΟΡΟΣ ΤΟΥ ΜΑΞ ΜΕΡΤΕΝ ΕΔΗΛΩΣΕΝ ΟΤΙ ΘΑ ΚΑΤΑΤΕΘΗ ΜΕΧΡΙ ΤΗΣ ΠΑΡΑΣΚΕΥΗΣ Η ΜΗΝΥΣΙΣ ΚΑΤΑ ΤΗΣ κ. ΔΟΞΟΥΛΑΣ ΜΑΚΡΗ
Ὁ εἰσαγγελεὺς ζητεῖ ἀδῶσιν τοῦ Μόρτκα

ΑΘΗΝΑΙ, 26.—Ἡ ἀνακοίνωσις τῆς κυβερνήσεως ἐγένετο δεκτὴ μὲ ἱκανοποίησιν ὑπὸ τῶν ἁρμοδίων κύκλων, οἱ ὁποῖοι τονίζουν ὅτι ἡ κατάστασις παρακολουθεῖται στενῶς. Κατὰ πληροφορίας ἐξ ἀξιοπίστου πηγῆς, αἱ συνομιλίαι θὰ συνεχισθοῦν καὶ κατὰ τὰς προσεχεῖς ἡμέρας, ὁπότε ἀναμένεται νὰ ληφθοῦν αἱ τελικαὶ ἀποφάσεις ἐπὶ τοῦ ζητήματος. Ὁ ἁρμόδιος ὑπουργὸς ἐδήλωσεν ὅτι ἡ κυβέρνησις ἔχει λάβει ὅλα τὰ ἀναγκαῖα μέτρα διὰ τὴν ἀντιμετώπισιν πάσης ἐνδεχομένης δυσχερείας, ἐπρόσθεσε δὲ ὅτι ἡ συνεργασία μετὰ τῶν συμμάχων χωρῶν παραμένει στενή.

ΑΘΗΝΑΙ, 26.—Ἡ ἀνακοίνωσις τῆς κυβερνήσεως ἐγένετο δεκτὴ μὲ ἱκανοποίησιν ὑπὸ τῶν ἁρμοδίων κύκλων, οἱ ὁποῖοι τονίζουν ὅτι ἡ κατάστασις παρακολουθεῖται στενῶς. Κατὰ πληροφορίας ἐξ ἀξιοπίστου πηγῆς, αἱ συνομιλίαι θὰ συνεχισθοῦν καὶ κατὰ τὰς προσεχεῖς ἡμέρας, ὁπότε ἀναμένεται νὰ ληφθοῦν αἱ τελικαὶ ἀποφάσεις ἐπὶ τοῦ ζητήματος. Ὁ ἁρμόδιος ὑπουργὸς ἐδήλωσεν ὅτι ἡ κυβέρνησις ἔχει λάβει ὅλα τὰ ἀναγκαῖα μέτρα διὰ τὴν ἀντιμετώπισιν πάσης ἐνδεχομένης δυσχερείας, ἐπρόσθεσε δὲ ὅτι ἡ συνεργασία μετὰ τῶν συμμάχων χωρῶν παραμένει στενή.

ΑΘΗΝΑΙ, 26.—Ἡ ἀνακοίνωσις τῆς κυβερνήσεως ἐγένετο δεκτὴ μὲ ἱκανοποίησιν ὑπὸ τῶν ἁρμοδίων κύκλων, οἱ ὁποῖοι τονίζουν ὅτι ἡ κατάστασις παρακολουθεῖται στενῶς. Κατὰ πληροφορίας ἐξ ἀξιοπίστου πηγῆς, αἱ συνομιλίαι θὰ συνεχισθοῦν καὶ κατὰ τὰς προσεχεῖς ἡμέρας, ὁπότε ἀναμένεται νὰ ληφθοῦν αἱ τελικαὶ ἀποφάσεις ἐπὶ τοῦ ζητήματος. Ὁ ἁρμόδιος ὑπουργὸς ἐδήλωσεν ὅτι ἡ κυβέρνησις ἔχει λάβει ὅλα τὰ ἀναγκαῖα μέτρα διὰ τὴν ἀντιμετώπισιν πάσης ἐνδεχομένης δυσχερείας, ἐπρόσθεσε δὲ ὅτι ἡ συνεργασία μετὰ τῶν συμμάχων χωρῶν παραμένει στενή.

ΑΘΗΝΑΙ, 26.—Ἡ ἀνακοίνωσις τῆς κυβερνήσεως ἐγένετο δεκτὴ μὲ ἱκανοποίησιν ὑπὸ τῶν ἁρμοδίων κύκλων, οἱ ὁποῖοι τονίζουν ὅτι ἡ κατάστασις παρακολουθεῖται στενῶς. Κατὰ πληροφορίας ἐξ ἀξιοπίστου πηγῆς, αἱ συνομιλίαι θὰ συνεχισθοῦν καὶ κατὰ τὰς προσεχεῖς ἡμέρας, ὁπότε ἀναμένεται νὰ ληφθοῦν αἱ τελικαὶ ἀποφάσεις ἐπὶ τοῦ ζητήματος. Ὁ ἁρμόδιος ὑπουργὸς ἐδήλωσεν ὅτι ἡ κυβέρνησις ἔχει λάβει ὅλα τὰ ἀναγκαῖα μέτρα διὰ τὴν ἀντιμετώπισιν πάσης ἐνδεχομένης δυσχερείας, ἐπρόσθεσε δὲ ὅτι ἡ συνεργασία μετὰ τῶν συμμάχων χωρῶν παραμένει στενή.

6.000 ΔΗΜΟΣΙΟΓΡΑΦΟΙ ΤΗΣ Ν. ΥΟΡΚΗΣ ΘΑ ΚΑΤΕΛΘΟΥΝ ΕΙΣ ΑΠΕΡΓΙΑΝ
ΖΗΤΟΥΝ ΑΥΞΗΣΙΝ ΤΩΝ ΑΠΟΔΟΧΩΝ

ΑΘΗΝΑΙ, 26.—Ἡ ἀνακοίνωσις τῆς κυβερνήσεως ἐγένετο δεκτὴ μὲ ἱκανοποίησιν ὑπὸ τῶν ἁρμοδίων κύκλων, οἱ ὁποῖοι τονίζουν ὅτι ἡ κατάστασις παρακολουθεῖται στενῶς. Κατὰ πληροφορίας ἐξ ἀξιοπίστου πηγῆς, αἱ συνομιλίαι θὰ συνεχισθοῦν καὶ κατὰ τὰς προσεχεῖς ἡμέρας, ὁπότε ἀναμένεται νὰ ληφθοῦν αἱ τελικαὶ ἀποφάσεις ἐπὶ τοῦ ζητήματος. Ὁ ἁρμόδιος ὑπουργὸς ἐδήλωσεν ὅτι ἡ κυβέρνησις ἔχει λάβει ὅλα τὰ ἀναγκαῖα μέτρα διὰ τὴν ἀντιμετώπισιν πάσης ἐνδεχομένης δυσχερείας, ἐπρόσθεσε δὲ ὅτι ἡ συνεργασία μετὰ τῶν συμμάχων χωρῶν παραμένει στενή.

ΑΘΗΝΑΙ, 26.—Ἡ ἀνακοίνωσις τῆς κυβερνήσεως ἐγένετο δεκτὴ μὲ ἱκανοποίησιν ὑπὸ τῶν ἁρμοδίων κύκλων, οἱ ὁποῖοι τονίζουν ὅτι ἡ κατάστασις παρακολουθεῖται στενῶς. Κατὰ πληροφορίας ἐξ ἀξιοπίστου πηγῆς, αἱ συνομιλίαι θὰ συνεχισθοῦν καὶ κατὰ τὰς προσεχεῖς ἡμέρας, ὁπότε ἀναμένεται νὰ ληφθοῦν αἱ τελικαὶ ἀποφάσεις ἐπὶ τοῦ ζητήματος. Ὁ ἁρμόδιος ὑπουργὸς ἐδήλωσεν ὅτι ἡ κυβέρνησις ἔχει λάβει ὅλα τὰ ἀναγκαῖα μέτρα διὰ τὴν ἀντιμετώπισιν πάσης ἐνδεχομένης δυσχερείας, ἐπρόσθεσε δὲ ὅτι ἡ συνεργασία μετὰ τῶν συμμάχων χωρῶν παραμένει στενή.

ΕΥΡΕΙΑΙ ΤΑΡΑΧΑΙ ΕΞΕΣΠΑΣΑΝ ΕΙΣ ΤΟ ΚΑΡΑΚΑΣ
ΤΡΕΙΣ ΝΕΚΡΟΙ, 30 ΤΡΑΥΜΑΤΙΑΙ
16 ΑΥΤΟΚΙΝΗΤΑ ΕΠΥΡΠΟΛΗΘΗΣΑΝ ΕΩΣ ΤΩΡΑ

ΑΘΗΝΑΙ, 26.—Ἡ ἀνακοίνωσις τῆς κυβερνήσεως ἐγένετο δεκτὴ μὲ ἱκανοποίησιν ὑπὸ τῶν ἁρμοδίων κύκλων, οἱ ὁποῖοι τονίζουν ὅτι ἡ κατάστασις παρακολουθεῖται στενῶς. Κατὰ πληροφορίας ἐξ ἀξιοπίστου πηγῆς, αἱ συνομιλίαι θὰ συνεχισθοῦν καὶ κατὰ τὰς προσεχεῖς ἡμέρας, ὁπότε ἀναμένεται νὰ ληφθοῦν αἱ τελικαὶ ἀποφάσεις ἐπὶ τοῦ ζητήματος. Ὁ ἁρμόδιος ὑπουργὸς ἐδήλωσεν ὅτι ἡ κυβέρνησις ἔχει λάβει ὅλα τὰ ἀναγκαῖα μέτρα διὰ τὴν ἀντιμετώπισιν πάσης ἐνδεχομένης δυσχερείας, ἐπρόσθεσε δὲ ὅτι ἡ συνεργασία μετὰ τῶν συμμάχων χωρῶν παραμένει στενή.

ΑΘΗΝΑΙ, 26.—Ἡ ἀνακοίνωσις τῆς κυβερνήσεως ἐγένετο δεκτὴ μὲ ἱκανοποίησιν ὑπὸ τῶν ἁρμοδίων κύκλων, οἱ ὁποῖοι τονίζουν ὅτι ἡ κατάστασις παρακολουθεῖται στενῶς. Κατὰ πληροφορίας ἐξ ἀξιοπίστου πηγῆς, αἱ συνομιλίαι θὰ συνεχισθοῦν καὶ κατὰ τὰς προσεχεῖς ἡμέρας, ὁπότε ἀναμένεται νὰ ληφθοῦν αἱ τελικαὶ ἀποφάσεις ἐπὶ τοῦ ζητήματος. Ὁ ἁρμόδιος ὑπουργὸς ἐδήλωσεν ὅτι ἡ κυβέρνησις ἔχει λάβει ὅλα τὰ ἀναγκαῖα μέτρα διὰ τὴν ἀντιμετώπισιν πάσης ἐνδεχομένης δυσχερείας, ἐπρόσθεσε δὲ ὅτι ἡ συνεργασία μετὰ τῶν συμμάχων χωρῶν παραμένει στενή.

ΑΘΗΝΑΙ, 26.—Ἡ ἀνακοίνωσις τῆς κυβερνήσεως ἐγένετο δεκτὴ μὲ ἱκανοποίησιν ὑπὸ τῶν ἁρμοδίων κύκλων, οἱ ὁποῖοι τονίζουν ὅτι ἡ κατάστασις παρακολουθεῖται στενῶς. Κατὰ πληροφορίας ἐξ ἀξιοπίστου πηγῆς, αἱ συνομιλίαι θὰ συνεχισθοῦν καὶ κατὰ τὰς προσεχεῖς ἡμέρας, ὁπότε ἀναμένεται νὰ ληφθοῦν αἱ τελικαὶ ἀποφάσεις ἐπὶ τοῦ ζητήματος. Ὁ ἁρμόδιος ὑπουργὸς ἐδήλωσεν ὅτι ἡ κυβέρνησις ἔχει λάβει ὅλα τὰ ἀναγκαῖα μέτρα διὰ τὴν ἀντιμετώπισιν πάσης ἐνδεχομένης δυσχερείας, ἐπρόσθεσε δὲ ὅτι ἡ συνεργασία μετὰ τῶν συμμάχων χωρῶν παραμένει στενή.

ΑΥΣΤΗΡΑ ΜΕΤΡΑ

ΑΘΗΝΑΙ, 26.—Ἡ ἀνακοίνωσις τῆς κυβερνήσεως ἐγένετο δεκτὴ μὲ ἱκανοποίησιν ὑπὸ τῶν ἁρμοδίων κύκλων, οἱ ὁποῖοι τονίζουν ὅτι ἡ κατάστασις παρακολουθεῖται στενῶς. Κατὰ πληροφορίας ἐξ ἀξιοπίστου πηγῆς, αἱ συνομιλίαι θὰ συνεχισθοῦν καὶ κατὰ τὰς προσεχεῖς ἡμέρας, ὁπότε ἀναμένεται νὰ ληφθοῦν αἱ τελικαὶ ἀποφάσεις ἐπὶ τοῦ ζητήματος. Ὁ ἁρμόδιος ὑπουργὸς ἐδήλωσεν ὅτι ἡ κυβέρνησις ἔχει λάβει ὅλα τὰ ἀναγκαῖα μέτρα διὰ τὴν ἀντιμετώπισιν πάσης ἐνδεχομένης δυσχερείας, ἐπρόσθεσε δὲ ὅτι ἡ συνεργασία μετὰ τῶν συμμάχων χωρῶν παραμένει στενή.

Ο κ. ΜΟΜΠΟΥΤΟ ΘΑ ΑΠΟΣΥΡΗ ΤΑ ΙΘΑΓΕΝΗ ΣΤΡΑΤΕΥΜΑΤΑ ΜΑΚΡΑΝ ΤΗΣ ΛΕΟΠΟΛΝΤΒΙΛ
κατόπιν τῶν λῃστειῶν τὰς ὁποίας διέπραξαν

ΑΘΗΝΑΙ, 26.—Ἡ ἀνακοίνωσις τῆς κυβερνήσεως ἐγένετο δεκτὴ μὲ ἱκανοποίησιν ὑπὸ τῶν ἁρμοδίων κύκλων, οἱ ὁποῖοι τονίζουν ὅτι ἡ κατάστασις παρακολουθεῖται στενῶς. Κατὰ πληροφορίας ἐξ ἀξιοπίστου πηγῆς, αἱ συνομιλίαι θὰ συνεχισθοῦν καὶ κατὰ τὰς προσεχεῖς ἡμέρας, ὁπότε ἀναμένεται νὰ ληφθοῦν αἱ τελικαὶ ἀποφάσεις ἐπὶ τοῦ ζητήματος. Ὁ ἁρμόδιος ὑπουργὸς ἐδήλωσεν ὅτι ἡ κυβέρνησις ἔχει λάβει ὅλα τὰ ἀναγκαῖα μέτρα διὰ τὴν ἀντιμετώπισιν πάσης ἐνδεχομένης δυσχερείας, ἐπρόσθεσε δὲ ὅτι ἡ συνεργασία μετὰ τῶν συμμάχων χωρῶν παραμένει στενή.

ΖΗΤΟΥΝ ΑΝΑΓΝΩΡΙΣΙΝ

ΑΘΗΝΑΙ, 26.—Ἡ ἀνακοίνωσις τῆς κυβερνήσεως ἐγένετο δεκτὴ μὲ ἱκανοποίησιν ὑπὸ τῶν ἁρμοδίων κύκλων, οἱ ὁποῖοι τονίζουν ὅτι ἡ κατάστασις παρακολουθεῖται στενῶς. Κατὰ πληροφορίας ἐξ ἀξιοπίστου πηγῆς, αἱ συνομιλίαι θὰ συνεχισθοῦν καὶ κατὰ τὰς προσεχεῖς ἡμέρας, ὁπότε ἀναμένεται νὰ ληφθοῦν αἱ τελικαὶ ἀποφάσεις ἐπὶ τοῦ ζητήματος. Ὁ ἁρμόδιος ὑπουργὸς ἐδήλωσεν ὅτι ἡ κυβέρνησις ἔχει λάβει ὅλα τὰ ἀναγκαῖα μέτρα διὰ τὴν ἀντιμετώπισιν πάσης ἐνδεχομένης δυσχερείας, ἐπρόσθεσε δὲ ὅτι ἡ συνεργασία μετὰ τῶν συμμάχων χωρῶν παραμένει στενή.

ΑΘΗΝΑΙ, 26.—Ἡ ἀνακοίνωσις τῆς κυβερνήσεως ἐγένετο δεκτὴ μὲ ἱκανοποίησιν ὑπὸ τῶν ἁρμοδίων κύκλων, οἱ ὁποῖοι τονίζουν ὅτι ἡ κατάστασις παρακολουθεῖται στενῶς. Κατὰ πληροφορίας ἐξ ἀξιοπίστου πηγῆς, αἱ συνομιλίαι θὰ συνεχισθοῦν καὶ κατὰ τὰς προσεχεῖς ἡμέρας, ὁπότε ἀναμένεται νὰ ληφθοῦν αἱ τελικαὶ ἀποφάσεις ἐπὶ τοῦ ζητήματος. Ὁ ἁρμόδιος ὑπουργὸς ἐδήλωσεν ὅτι ἡ κυβέρνησις ἔχει λάβει ὅλα τὰ ἀναγκαῖα μέτρα διὰ τὴν ἀντιμετώπισιν πάσης ἐνδεχομένης δυσχερείας, ἐπρόσθεσε δὲ ὅτι ἡ συνεργασία μετὰ τῶν συμμάχων χωρῶν παραμένει στενή.

Η ΠΑΡΟΥΣΙΑ ΤΩΝ ΒΕΛΓΩΝ

ΑΘΗΝΑΙ, 26.—Ἡ ἀνακοίνωσις τῆς κυβερνήσεως ἐγένετο δεκτὴ μὲ ἱκανοποίησιν ὑπὸ τῶν ἁρμοδίων κύκλων, οἱ ὁποῖοι τονίζουν ὅτι ἡ κατάστασις παρακολουθεῖται στενῶς. Κατὰ πληροφορίας ἐξ ἀξιοπίστου πηγῆς, αἱ συνομιλίαι θὰ συνεχισθοῦν καὶ κατὰ τὰς προσεχεῖς ἡμέρας, ὁπότε ἀναμένεται νὰ ληφθοῦν αἱ τελικαὶ ἀποφάσεις ἐπὶ τοῦ ζητήματος. Ὁ ἁρμόδιος ὑπουργὸς ἐδήλωσεν ὅτι ἡ κυβέρνησις ἔχει λάβει ὅλα τὰ ἀναγκαῖα μέτρα διὰ τὴν ἀντιμετώπισιν πάσης ἐνδεχομένης δυσχερείας, ἐπρόσθεσε δὲ ὅτι ἡ συνεργασία μετὰ τῶν συμμάχων χωρῶν παραμένει στενή.

ΘΑΝΑΤΟΣ ΔΗΜΟΣΙΟΓΡΑΦΟΥ

ΑΘΗΝΑΙ, 26.—Ἡ ἀνακοίνωσις τῆς κυβερνήσεως ἐγένετο δεκτὴ μὲ ἱκανοποίησιν ὑπὸ τῶν ἁρμοδίων κύκλων, οἱ ὁποῖοι τονίζουν ὅτι ἡ κατάστασις παρακολουθεῖται στενῶς. Κατὰ πληροφορίας ἐξ ἀξιοπίστου πηγῆς, αἱ συνομιλίαι θὰ συνεχισθοῦν καὶ κατὰ τὰς προσεχεῖς ἡμέρας, ὁπότε ἀναμένεται νὰ ληφθοῦν αἱ τελικαὶ ἀποφάσεις ἐπὶ τοῦ ζητήματος. Ὁ ἁρμόδιος ὑπουργὸς ἐδήλωσεν ὅτι ἡ κυβέρνησις ἔχει λάβει ὅλα τὰ ἀναγκαῖα μέτρα διὰ τὴν ἀντιμετώπισιν πάσης ἐνδεχομένης δυσχερείας, ἐπρόσθεσε δὲ ὅτι ἡ συνεργασία μετὰ τῶν συμμάχων χωρῶν παραμένει στενή.

ΝΑ ΦΥΓΗ Ο ΝΤΑΓΙΑΛ

ΑΘΗΝΑΙ, 26.—Ἡ ἀνακοίνωσις τῆς κυβερνήσεως ἐγένετο δεκτὴ μὲ ἱκανοποίησιν ὑπὸ τῶν ἁρμοδίων κύκλων, οἱ ὁποῖοι τονίζουν ὅτι ἡ κατάστασις παρακολουθεῖται στενῶς. Κατὰ πληροφορίας ἐξ ἀξιοπίστου πηγῆς, αἱ συνομιλίαι θὰ συνεχισθοῦν καὶ κατὰ τὰς προσεχεῖς ἡμέρας, ὁπότε ἀναμένεται νὰ ληφθοῦν αἱ τελικαὶ ἀποφάσεις ἐπὶ τοῦ ζητήματος. Ὁ ἁρμόδιος ὑπουργὸς ἐδήλωσεν ὅτι ἡ κυβέρνησις ἔχει λάβει ὅλα τὰ ἀναγκαῖα μέτρα διὰ τὴν ἀντιμετώπισιν πάσης ἐνδεχομένης δυσχερείας, ἐπρόσθεσε δὲ ὅτι ἡ συνεργασία μετὰ τῶν συμμάχων χωρῶν παραμένει στενή.
